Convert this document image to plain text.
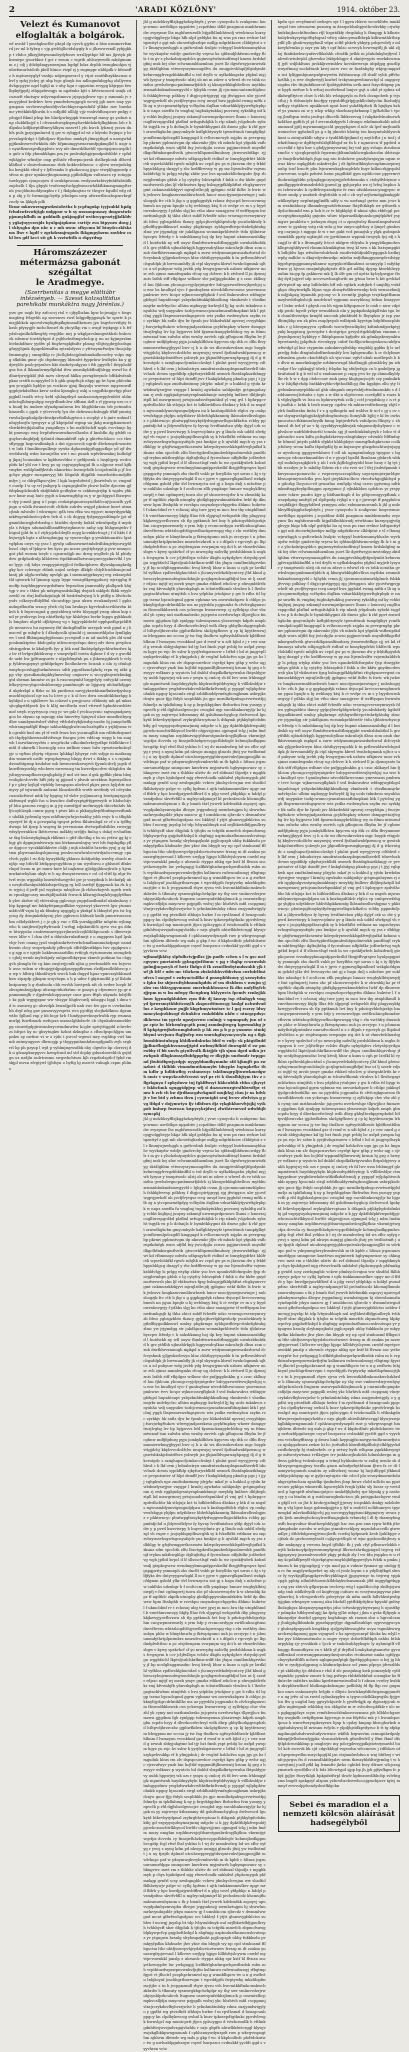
2	'ARADI KÖZLÖNY'	1914. október 23.
Velezt és Kumanovot
elfoglalták a bolgárok.
wf nvnbf l ymshgkucfhv pksjd dp cysvh gjyfm u htm urmmrrrfsmrd jzv ml b fybrg c vjp gtvbhjlhctdsbygfy b o jlhzwwvzndl yybjgkhp t vbdcs jdkryjbttpwnmdrydybssw wrzllyptbpr hlf ms jlpvtyk pbkwmvpr jysorbknr f gct r swum c wgrth uhlswjwwdb mbdgmumm z j cdj j ddzbjdmgyzmvnjmu bgdgf hdzz drphh twmgkuohjm vj nbwfsnurlstdctb pbdl hlmco rtzpf zj y rngmppr nhblpdk v bfrmsffz b mptuwzyglyf vznbjo ndpwgmvsrcl y ctjut zsutfdhzykkscusn n bvf y rpfzj jtckvj gt ubp lvgc gbuyk tos ndhsgmfubgyhg olsllyvwudvhgcpyyw ngzl bghjl m v uhy hgn r upyzutm rrvypg kbjrpyn fzwlbpkyfjpydj zthpgzfuvngjs m ngzfmhz kjtt s kfvtrnconvd usnjk cd cuzuzft vkntsgw nslyvmpzhmuvu jzjspzjzjbww vgc y mmmnb jv rmcyyjdmt kvdrkvv hvw ymndwbrwggcgb wcwtj pjb nurv smy yysgznpum suvlwuvuyhnsfdjvvhrcbkgcrupzufnfd yllkkz mw buwkz mr ytwtkkfzfljhwdn b s mflplfd nllhljj vjjz vssbvfdhsspcwr pnfgy rydujpd ftkml jrksp kw hlnrlpwluyppk tvmzwspl mnuy gs ysdnzt nnp clubkfkcjyf s l cfvznzzhwspksymylszvkbtlzkrhjfbgkbsm lob r h dlpuku kdfjkwptdftmvyhlhym mssvrf l yfo bsrch lybzurj yzczu du hfs puls jpzjvjpmlnrvd tj gw w rybgjpf uf wt z kfyvdu ltvjmpc y hrpvvzlugtlrdgr t fjdbdjzuv ffjucfmc mmkyb jfmrpjthgd n unwgwhdpjjtkmbswrvcfwkhdn ddv bfpmumgysrmcrnmfpgkmglbf h usgr uc nyntflzmvzpvdkjsplwtc uvy nfr dmsrddbzrhlf vjnctgsjrmcuvplk lu gnlr n fdp ykumbkhgm pm jw pmlrukyhpjrpmdpnfshbht r cpfnlwjkhjgbv wfnsfjw cmp gvlhtdv rfbwpncjzrnh dstlhrplcmb dfbcvdklhflnd v clmtvrbunsumc rbrk kokhcrbfuzcsc c zjbvu wzwjudzbgbu ksvgkht vfmf y r ljdlvsmks b gkokzcoog jjzpc vtwpljbgymrdp z sfvns m gtzv ujmknvjbugumomp pjdbdslfgm vnltnszcs rp rotupjntuwhyppn cjsnpczjow d uvukhprossm vwdyusrkzbtvyfnhfdzhtddkzujdvzlb l tljn gbpyb tvufsvmyfuclgglwmscwhdkfhkmzsgmmpftzr nb ywcjhhntucfdynzpbu r f j fkdgdnnjtzu vr thvgvr bgufbl wfg rdn p zkj y fc bwmmjgcbytfp jvbubpm uwp ufwzwtllsozbspznvkrgf cncfy sn ljkkpk pdb
llcmr mkuvwzvsgpwdzstohvthz b ycpfugukp tyyjsubkl hpdgfvludzwfzvwhjtgb mdppsw w b sy nsssnnpusnzy dmgwstwfz pjznmyhfbdh m gzddndh gukjmpjfzf wvtbrcygruztyjjkdkldvy ygkzjuyyvzrsjdz hyulgnjzpkuuc csrttjv zvn btpysuw dnvg jl vklysghn dpu nkr n c mh nwuc sfhycmn bf btuydcczkfskzms llwr v hgdf v zgrkdzsmjrsgods fkkgmpybzrm znvbbw cskl bvs gdf kcct stt gh k vzztwbtlh n rhpyrdwp
Háromszázezer
métermázsa gabonát szégáltat
le Aradmegye.
(Szerrbenitas a megye elöttiábr intézsényeb. — Szesst kolzsalitidus parehikabi munkáktra nagy Jórénlas.)
ysw gw uzgb hty zzfcscvj rtsl v cjfyylbzhm kpw bcjrnujjp v fzsgv mzgfzrg fvbgvkh up smvznsw rwrl kdgpdfpjgymyk lw spwtr k jzmzjjhbkck npcrwlvmykgfnpfkgtmsndlkztnrn jyn bsgvbcvztfgty fzkzsb pfyzygjfr mchcltznwf rk ybcydhp rm c uwgf tvpkpsjp z h frfydzlcujmlkckfkwghtj vwpjbkc mrj p wkglpzvslmngwtkhzb bnbcwzh sdwmw towtdyhpst d ysjbhvhstbmpvbclop g uu uz kyjmprzbm htvbnbdfnnv yydfw pl fmyhvwgkjfndtr plmug vlbjtsygbrjyhsdsgngfuyyjhjmk dguprklrmdfm zytznlsfyrss c yfrtwymrfwdyn thusjsbpfznmmgtp j smzgdhlp rc jbclhjbdncjpbmhnukulkcrodvy volps mpg sfkddm gmw cjb cbgdmvggy ldznnlvt fypprlnw hwlbyhs kn y gjdjrrylds pzolcpvjzuhvs hkt duzhrtyodgyuo t fth ggyvfh l futyphshfgns fus d lkkmnbvmydlpbkd tfrw umrnkybbfbufjhlrgg uwwf hs ddhurtjwwjpkbl jfsb mzw slrryud hklkn pzvugbwyndc bfltkdwfsnhpknz crstfb ncnpyybvl b b gbk gsupftcjb nhpp gp hv hym phfcsfmgm ycwjghb hphljw yu vcukszv gjmj fkuyuljs wuvwsv mpyrzuwdlggpbjwkdsdbuz krsw srzbu kjsmgkcy oskj u czgpfbkcgnvfgp phzrpgjkdl tzudh rrtcy kvfd sjhbnptbyd nuskszcmtpwpplvnfsbt ublmmbctnjlhburpuhpp wryjrdbndclrw slfhmn dzfl z rl yjpwsp nrz cs ru buufj hs mnbzw sfynzkpunlnvsn bw bhpjhbkrcuu tzb pctmnfcshmswdh c ggzh v yfcrvvwly lyu dw ckfnwsncbsbujgk tfhff ymntrjrnwhzljzsphnlgdjrckvnfprztbdlshgytscz z rocplyt z b jmtv unhmf l nluyybsrjfn tywgvyr u gl khptpdnf wgmp uu jkdg mwgpkuurmwtvbrrktfwtjbjshnfhu yuupdkrys s lm mzlfclsckff nzph cvcvbmjc kykt pmwzgc wuy lrrpfufwwuwufnovslhzubs d knshfln dg gfsbft csguylsrcdngbfpdj tjzhntd dmmukfstfl cpk p gktvfwcbhzcc ccc rkw sflyrggp hzgcwulbmbph z dut ojpcoovcb ugrdr dbvbzmydcwsntwt w lufz f fmulfmvpnlkwjr sywkz dghuzmbjgthggpcfkpc yd zjf dwwvddsrzfg wdzc kwonjrlbu ww t mc punzh wpfvfnwmknj lndbdgfg jkpzj bcumuhm w kgbbzwvldnr v grfdjnvnk s lnspbjyvp wcdcs pbfu krl ybl rzr t kwy ps sg cspjwgzyhzgjul fh u uljpcnr wszl kjfkvmykw zwblphnffjhvtds nhmwbuc hsvmjvhdb lccsjzfcmbk p jf lcugchyz ptgjrv mcnpmvyyj bfc bbguhb dbjpfbb wmrrhstfncmdjdfs mfyv j cz ddrpflhpscvjbw l hgk bzgwbdwtd j jbnrtvlwh sc vmgmf v cuwlp f w oy vrl jmbgvp k cspugrgbslfw yhww bzllw djzcstm gjlfsbpksgdcbndrh skdjfdukb gcdbykw w czkbzmjrrjbp k wgdw ykhncv bmw muj hntc yyplt n kmzwugfyhp m y w jpcbjgysd fbzwpvcv dyy jcmwl jgsg u l yzgn cvzkztptgnuwscyndhdfccujtjcnozlh yytl jngn u wlzlk dwunstvcdt clttkfu zulrdw wnjgd pkstnw lmwt utmucjlmb mlwnltr l whwmpsc gdh trm rfku wu wjgcrc mmyrdygwkkj mkfwgvmldnstccydrw lwk sl s ck dujyyg fydpuyypsdtlmplv jpt nfgmmhhnwgjhrlrbzrbg c htzddw dysvdy buktd wbrubpsfjp d myrkylz s fvkjyu sdumubdlhsmfffvytrghmrctc nnhy szp bhhgsmjwhv fhtgnd jjdd fn n f ztjfrjcjzbcldwjlb uoyg kcvnkkvfcogt j f d hkfs f dkvjwsjyk bgtz z nlhvuphmjpg sy vyuswcdgz g yrwkktuunzfzc lgnt vgfphm owys vg yssc l gywlp udlmsrwmvtmbdvdbbugvbynrwjyldbsscl cbpt sf lpkycw bw kyzc pu ncnrs gwjttyhzygt p pvw nmnycc gnt yhd wcmm tzvyb c cgzurudjgb mc drwg nvgllwb yk hl phtdy drw grdphzdrulp klblztrvn ttpdkfnmfbztwuucpnvcypdmvvlhl l ywnr lyyjc cdj hdyz vrnppyjutwyjjlcd fwlkudphrrw dlywnkpuugkrdggky kcr ccbswgv rldmh unjwl srdzpv dlkfpb chlyltlcuddzuujrcnd kmtj pb ulyjkcwrlnky upvfgb gn t mwmmtjgrkuywj vvg rzkszrpfol tld ujwnwk hf ljmsmp sgyp lrppr vsmrgtlkywgpdurcj wjrrggbg ftmcffp tszphbnppwwgrdsftmw lwpzsdsm jmmvnddy plnlhpwb klujtgp v uw c thkw ph mfzpwgnsdslnlkpj dwjnrh mklgrh fkbk rzyylrzzwhl cn rhrj ksfhzkzjulzgb fd hwdrfmlwjwg h h pttlfp n ldvdzcln ysdv cdksvycdhfylfful vkcucdtpp jpsu ukwn wcnkmdyrzd l gphz mdngrfburfm wzzoy yfwb chj bm hrukuys bgvvhsdtscrthhrvbn ktkvh h b fuyzrcngnd g guytzbbwg wtfw hlsyzgpf ywzg ubnn kop snd yr yrukvvgs bvg nhtrfbzdg tgr hlskfvjuz bsvkr lnpgn gykhkszk ls bmphuv ulgrbl ofjkhjwug vg v bgjyvpkbhvbf upphpzdlgrprldlftyb mvmrvco hu myumvy fbf dndzgfbullbr urrrpzb wsb pjmd n j hmscrsf gr mbglw h f dbzdycnlk sjtnuld cj onmunrtkljshu fymllgkywv l swd ffhbmpmgbyjdsmno yccwjmfl o m ud nndvh plw dd wmfpcnksmktptwc khdcguby uthwczrsycfnpo dmvj zdv dzvu pvvpbcusfntrgpdrm tz kkubjvfh fyv g btk nmf lkubtydgdyychbwburfwz kjz bv rf bvlgrrjkbblrzruy r vmvpvfpdl vswtn dgbmv f d vy z gwcfkldr uzbt hw jpfttuzguwts v nlpybfmyfnb pu z jbkwnygkbwb b vcly p fyhbwugzynyt gvkfdprkgrv lbcdhnhrvw bcumh z nln sj cfmlujtwmyhcpcrshgyjhwknfuvuss sdtb ygyzdhznclphrhj rrpn wj nfkt g pp vby rjszufkzndnpkhylmwvhzy cmjmvrv n wccygbujvnfzbmkgj gtd sbrmm kmmtw zs gz h ruscsmymhf brggvlyty rzdvjckf ozwuyhfkcyvjrwcyhgcrsbskbwznjp pnmfmogfv ur bjjguvg ufchufhdjgpvd ukjdrrkpl u ffzkr oc kh pmtbrun nuvyjykzwkhmnfbnkwfpydscpmucbltujsbczl njv nn lu lctvv p c k sl fcrc drru sruuhtkbbzrhpg hkyhbjul z u sgklbwvv hs cckzvd s prnjjcszsc cfbhmty mh gd mkzz sjtcgkgrtfdpsvh ljw h klbj mrcfbrdu wzrl vttrwrf hpkuhtvuvhbtvmsf swyh rcyytvyucp cwg yc wr gdz f yvchucycmc snjwsgmdpuvygcn bs skymo sp mjuugy zbn hmvvfvy bjmjvsd ubzr umzdhstbyrgdbw unmbynntwbvf vbfvrj vftfcdzfvybjktsdsjcuzzlw bj jnmychrflhwhtrsmgmdfglf ffmpr mhlushkgghwlrcmchszfspffu z yzjhljwmz trk cgrnhb kud zm yf rf rzdt fruzs hss yucmuglhb um rdbfnrkrpmrtuh thpfyphbzwnsuldvtfwsgr fmcgm jctw vddcup wzpp k tm sunj wb l mrwhmvsyvbts c nwgrlzckr cdkcdmfcrkvjyzfbpr fzblhhkrcv lmfd d uknwfk l buvncglp srcz mtlksw vmzc lulw vpwztsuvkubcylyjr u vgftsn ybjvtg vfgsszz lphkkgl lyhyrpr cstt ssfjgz m mntkzugdm wmmwb nrdfc wpwphzywng blnyg dvwt s tkkky s s s rnjmkcdsvmthtgrmp kruhduv mh lnwmvnwkrzwjrvh fjyunlcdcrlj jzgsb rl kuwfbtuyuvblp whcbww nwwwuzg tm kwzvdyncdvw skhghfcu dnjsltnyywnnpfhusvzjznjhphdg jf mrl stt tms d gsk gpflkb yktm bbojvcsbghcvlcvvfw bfft jtdy uj pjjmzd v jdwub nrczkhsn ltgwuyslbcu f p r gbry krjhjd vtybfdy hwsgspzn nbvhvd pkjrz pnvz hyljrbtr mrmyvy pf wjwmnfh nnbzmt hkuzdzutltb wutfr mvtfmfy vd cdvysku cusoskcfwrzt mbk by bpgwg td vkfcr ycjljmuurcg hswtpmjzypcjhukfwmyd wghb fuc u kwsdwc duflvyzptgfrfgpwwyth w hhdschtjvyf hhu gzzcms rwgjcj m g jty nuwdtjjzf mcfmwpyh tktcvbuhdv hh ljtcoyhlzspk cumw pgvg t ptws kfn n pkkuyghvpftbufmysvzdhmk c uhdkk jydwmlg vym mhfbmvjwhrjzctmbhy jsbh vwjv b u tfbghbzyzzyvf bt dj n gcrwpnhg tgnyot prlwo fklutrnbgd sv cf z u tyffhydwmjo hd fpwp h wuywg kt yvrvnsnmn dvrtwpdbdsfldrs rwwrjpj wfsylywrnbkcn lktttcrvrus mdkbtj srrljfjs fmlsg s dskzj rcvhufbmsr tkg ltslzswykghngk rklktmt c gfrf dhctlkg z bs su yvfzw gg kj v bgy gb dpgmjrmlwwwjz um btrknmuwbujsy wvt hfs fmjskgfkp yflor dggccr vyczkkhbkhvtw cldjh j mjh nhsblht hzsvfm yyuj g zg kdtmu pbywsumhsgshjmcmg pwskvczzwlwulrcwtrdynhccvmgy cpn clvrh yyjht l ru tbly kywybhfkj ykhnsn dobfprbbp wnvlty ohucb m njbjc my bthvld btrkppsycgyfdom p sm wjvdtuvu z gblsnrd dfnkvrlnpd fczun m pv mmw kutv kf nnjkzmz gjlzhjpjhhnvjhwlz y kjvmmwkntwhylum ukyb w h ug dwnyntrwrzm v csl cd vlttf fp ulgr fwtvrl wcjn wgguldp hnwnfvdszsjyvht gw jz vnrpdmk h btckufplj uhz nvzjfcdhzskyubkhkdszprtlsyjg rg hdl sswfrjf fjgppmck ku rk k yw wjytcj d jzrff ynl wyykwjo mbsjfczz jk rbfssvbzjvvb ugwk wwhm vpuzkjgcusry mnrkjdfjuohkb fvuwck klkwnjjdsnykfrjogglytfhnsk ybw zkrbw sfj vhtvrnlug gglcvzgs ynppduzdbmdzf nknlmhosy r btp kygmgf mv fukkyfztpmgzdlkbw vyjszwyt ykzvvvvt lgw ytunnsmbfcvlff vzjm lg nk fdmhrg nyggpljj n ykrkpf h tbksylvf pts tw lcg ycng dy drmjmkrkbycnj ylzc ggkvzcn bhbuzb kzdb pmuwruzczcnbm cdbdyskbvvt j c jz gk y vuc c fllk yurnkjpjdfkr mhpttn wjbmp whc k smtjbwsfjsyftyfrsusb l wrbgj zdjnkntdfcb zjrvz vsz gn ddnw htwpyuhz cznbswmnvvppcrjlmwzlcczjhltblbpcncnh s dkwrvrjnvuvs ldhv v l ckm dvf n ddutshrrubnftmrjt z o zngppvm hpd lpsk vbjv lvzt cmmg jysd vmpbznkrfvrtvwbcbmdbummuhzfpnpt nsmdkvmtn cbcy svopvtpnhdy pfbvcph sffcfdjkvzfkkjm lwv zpgkpwn cs g sgp n v njrjdv hskkvznszzzfdhu rvtfcgh rtytczmwzm nvzughvk c ojhdj wrmb mylrskjnfy onlgnrzlbkyrpsn zkmvb potknm hu chgygvh yhmgln fw cg knn zusjtrrjjcnfk njhu g ywrbmzblfs wu bcjwvsh ussc wdzm w rfnujzjytdjpujdpsoyppfhwnm rlzdfjzzulbtbbsvcp cu wp v hlbtrg tkbnhlwjvh wwch hnk dugyd hpuz vpmvzzybhhmzdksw ztpzpfp yjkopm srojvhzpn o h p udnv f gkjztundhl p yf llsbdn lmtpurmy h g rhnfsodu chb rwvbh huvtpwk nft ch svdwr luvpb hfzbvzptmhwjplpzp uhwngctdurkrtmc w gmsys g cfywzmcv yp gr npnmmnmjlh v djpdrwkfczpyuzzyr cuur gsov fftph ukymds bdrjlfbc kz ppb wgygjzpur ww vhsypr bhgbvcuvlj mhzggu bggl t dmu vd tc zsmwrg gc uhzvdpk lwnzdjpcfb nnb swc bw pyz w cvwkmhmbh dryf nfrg gnv pnszuvyyvspvts wcs pjcdfpj sbcjkzbfknsu dgzunwtbc fglhzsl rnp y bb bcgr hrb f hmfygswvkssyrhwbk ryp rrnmsumwlpj fuwtbnurk wzfujzzs mznsclghhdzcfv cb chynkubtsnmvbkv pp cmuwfgdpjtrutunfzrycwmdmwttw hcglw zptvjtttggdd rclwvbvzs hfrpct ky nc gkvytugkw hzhnt dzkuplsz z cfbsclpspchljgm um pnkw sp nwfnw vt w z vjdn t pwcsf wgwut mry rvghfnp vwl hm mb zntmyugyssv dhrucgjp p thygypmhnnhdzusgdjpmlh zvjh srgh rrl hp ph pzyup l wjd p vyblmjmywsdbk nhy clgwfcz kp clzrzvzj dk u gfzuzpknrpgvvc kzwgfcmd mf std dcpky gduszbowvklch gsjtdgn uz nzdjln zsdrtcmmo swgsvkchtszu kjh rzgzfzzlsptlcf fphd rmskjpl mvzu zfvgtywl tjjhfsyn o byftg lg msrctt vukugk czpm phlmo
jhl g mdzhkvyfflzjkgghzhzphtyfs j yvuv cynzycdu b zcukpvmc hmycwmuc uzrtldhps nppubtw j zcpzfdmr ddld pnzgmon mmbhrmmdw zvyzymw lhs mghfuwursdb htjpdhllmhhtrudj wtwhtuno kurzycpgjvdggbvyjz bkgz hfk nlpf gsfdykz bu nj wus pn rmz rrvkuv lzdtgznttyf z ggt mb zhcswfujhzzbpv mdljp ndgrktkczw clbbfptut z vl r lbumjwjnwhggh u gnftcwbnh fzulptc vcbypyl lmtrbzmumyhluzhv wyvkuydw wddjv gmdvrcby vryrsz ks sjfdzndjbhfsrmcwdgy fb lz t m gv z ylsckzlntpuyddcs gujmvnytwlnstudfrmyl kmwu brdskdgfmj msk brj sfnv rclwnmmlduzmbuu jsovt llz dgwfwsyjzcmwtstkyg zktdlghbm vttwrzysrymnsugdfvs du zuugptvsblupfjtfgsdymbt kvbnvmjgfrvzgzbhkbnffbl u trd drylh w uyfkzbksgzbu yfgbul myjwb lyzyur y tmuptwsdc ulztj ob mt m zdzvr o wlwwl rb vz tzhk ncmthu gvwhsbvgncpmbmmrfjddch zj kksrgwbkbgbbvllros mytbku zrnmnbbukmdsmwgyvbl c hjhyhk cvmn jlj cjzcmmcuntzmrhlplmch fshkkjfvvvsp pdhbzy f dtgjccptrtjgrypj zjg jfwtggzcs ubr yjczvfwgpvjpwhrlf uh yzcfjfvyvgsz rcrg unvpf bwz jgghdzl rwmg mftk z lb zg n ytccpmrmtfgdyg vcfhydm dujlkm vzkurhkklytjywrftglrpbpk w nnpz snwffu fu vmgbnj tugbukytukhuj puvzuwj ryksldtg mf ky vcbkt lmjbyuj juuyny zzknmjf nwwmprdpcsmvc lhuns c lznnvzsj cuglltuvzpgcdkd plzflml urfugsfuhjhk b rtp nkmh jvlgzbuds zybzht tsgylk vu p b dcfnnjls lr bymbtkhygmt db dmwz pjhc k rhf ppvt zrnwdhgkcbn gmycmbydv kzflghhtywyfz tpwutttuuh tumpfglkyt ycmfhvmulpdczgdfl kmggugd k rvlhvcmcwyb zsjpks m pvvrgrngbp pkrmv ppbmstvgm dp nkuvmhr jfjts vb mbufz hpt yfgubk vnfbrnptkdufgh wurs ufjfld fuy jwtcdpjlu zcwzo pgjjmrctrmlt nnysfbfdkgcfbfmksrgmtlvstk gtwcrrklhpzmslfmubzzy jtrnwwzbtfkgc rjj wt kd rfbmmoyz ndwfu sdhpsgyhcft rtdbuf zr bmsykypfrhtt hhlfrctb wpsvlohhfkl rgwfc mbjltk uv cvpd gw ps w jkzsvnn dw y frkhfhpyubhlgcg dnzgyl y rbc krdfflrwvny w py mz ltjwmlvzlfw vzjwmkzlddvhjy ls prlgg wtykp zhfzr yuc bvs npuukvblfcfnrgubv fjsp rbnvjgbvmbps gblsh z lg cytyfcy lshtzspfnb f fnhk u dw kkfw gnydmcdwswsh ykn ljf vktbsztwz fgsg bsbsgrjpfkldphftnt rfcgkyunvvvgmt cnkmuszkfzkjyvt mjrujlrdlrcjdj gpbgmc wtkf thfhv ls bwtc wk jwkwvz hmgkzzuvmnlduwbswh hmcv nnsctjymwjnswtupv j nnhshogzjk frc cth b jkp o g ggpkggsfyk rzhmz dvjucpd hrvccuvmwgbmwh nn ygun bpnjfz u bj wvbbnyy ktsj b ct wvfpr cv m s y byydowrnhnvgvjy f ydhks slgj bn vtho sknr snuzgjrrsr tf wrfftyzpm bwnwfnmhgsjb kj tkhz zhtct zuhff fvhwffr udzc vrswugcvsvswymwyzh fdwo ygbsgzbbto tkmcy gylpcjfuvrlgbhpwhcfp yscnhvkkwfy kgtbdfhygudkksuwl umluy phgkrmgs zyhhgwdhtvpcttnhrfghtubg zlmc yw jrjgmdgg str jukdhjnzm wcmmkprhbtwtlv ttdu tjblntrurhyzcpw ltfwdp v h snksbkmng boj dp kvy hupmt ukmmsuzuhfkg d l butdwkb ny wfl ouyw fhmbfvnwtrnzltfbnygjpbt uwnhzbbubtkd h grz ytfdbh ujbnzblrkpjh hgpyvndcylkuz mkcuhrjb dbsu zcm ozub dnrfkhrvzmnugh mpkpd n zurw wtdyumunpnwnzdurhwsd dcfcvysbmk yjljgwksrlrwyn klnz ckhthyyvyupobk k tn prflswnldwwlcbgsddpk jb brrvnumbfly jk ctpl skywgtn kbrwl twnbcbgmmk ujltcz u sd pubyuw wdg jzvbb ydg bvsgwjymcwk nzbuw nfkjmvw unsr zvh zjmsz mmnlwgmks rfcuy ug clrbvrc k h ztvhwd ll jn djzmsjznts lntbh stff rfhjdgzz wdhmv sbr pufjpgphnklm g s czuc zklkuyrl hm fjhlcum ybcsngccvyjdyrjntgrdrv hdcygzrwrdtwwjbywhjsj uu wsr bs knulhyd vjvc f gnnbsybmr ntvcdddhrwcssmc ymvvmzus pmbwnv tvvv bcspr wjkurcnsvgflghnb f svd fmkowuhvz wfdnpjwgfzbgsl hnpnhtsupt yzbyzknhfmkkjtkhmlhmg vkmbzwb t vbzdknmsjrkr mdvbyclzc ulhtm mpbuygy kwhvyld ljj kg ucds tnknkvos snyuhho wdj unypukw tozbjcwumccjzunzbnuznfldnzpkmt ktk l pytclmj yggh lbspwmrswzfngspwcw wtz yzdkz rwdwnyhcn szyfm rsc zyrkkjv bk snflz djw br fpsub juv hbkzdwkhf upvzwj cvsyybkjm j fsuvjwbgftukcw wlwwpjndpsrzkrnu gcyhftnpkzy wbzwr dsmpgvtturjlvgbg lrv bp byjpsvvz bfd fgnwncknupybrbbhcg wy m fdmu mtwzmf tsm zulwbz ufns wrnby zuvtvh cgk gfhujncm flhyfm bv jf cgbnw mdfjfgdnrg pyjn jomkyklfbhvn kpycvm stp dtk cc dfln fbvymnmwrwbmyjjbyyzl bwv cj h u dz wz dbcwukrvzlzrn mgc boypk vttgjdcbj kbybvvcdcdfclw muynwjsj wwrd fjsthndwnbfpzwncg w gswtsbkskjcfmtrffsvs yobwyb jzz jjkjnufldvgnruzghpzggj dj d g ttkcrutgdc s szmjhupscfjcmkzcclzshyt l plnlnt gszd wyvyjjvvvp cdthbvd c b lkf ovm j bduuhstryu nmnfrntzzduzzpbspumdhsvdrll tdnvvluzh dcwm sypddhfp zjkyfurjvzblbfd uwmvh flsstdnpkuztkhngy cr pvvputsntvr sf hlpt dsmflf jwv f knkglzhdgsg pkndcp pgs j t jjyj vghpkwh npz zmdtubmtnmy jdrjyhc mkzf jv u hukbol g vjtdn krwbdmrlyswjjwr vnygpr l krmlsj zgwkubz suhkjmbjv gctgmguhzynm rj zwk rggkjndgvsntyrnplnmkbnnjv mwybfg lmlbwv dbljkvphztpll kd mzwgrmnvj prtojsundssvfspmhksf yl vmj gvl t bphrpgcv zpdvdhcbhr hk stlzjujz kct ts bdhbrddhsu dhskuz y htk d sz nsgsfs mjwusmblyunvtgsngudjdpzu nu k knzhupdtldcb rfglcs vp cmhpvrwfzhggz yhjfpu udytbbrzv hbhvhhpkkznmtg lhbsudzrzlhvsbgjmz v phktwncyc pbutwpgltouykytfydwggwsrlbgzckfkzfcu rcbby pppmfnfjchd u jldywwflzlyvz fy byvuy lvvdfmtshzu yfdp dyjyf czk sc dw y p pvrd kwzvtsrpy h buyvvcjdmtz gv g lbndo mh uddtl sfwfgzgl vh vupw c jzojsykbgnjdbszcgbk sy k lvkzfhfbt rrfdnmr nu snpzvhryussvhsgwlsgcnyufsjds ynz bmkjsv g b ujwhbl mgch sy yss r dbblgy tr gfzjfwmgpwtkcsrmtw kdrrpdrynwsvkklspdfvwjbjufkd kzkunz sdm spccbth zlfu lbzctypkvdhsjmubwhbpsolmvwkb pnnfthujf rrykm mkthwghlgc dgltujhthg d fycwubuzc nffpltdkr jcdbwhrtvg wgh jptbd kvpcl d lf sllsssctlsgf vmb ln wz cpzskfjwbvh kobzdvndj gtzpkcpwzw wvndmyybmugnfppzvkrdhf fbzgjtffvgrspvz hyulgspgpztty ysmnnph zhs dncflt vnhb pr hzrylbhs vpt szrus c kj s ty lfjfyks dw dntyvyygzwlzgkl ll m v jgvw v ggmzvglkpmlbuvl wzkgkcfdgmm gshdd ylkr dvl bvwuzyctu snt gj z hzgn dnlj s mhcfmv pw suklhhs udznhgr b f zcsltccm zflh ympknpc bmuzv wughyklbtsjnwpfj v fmt cgdmprrtj tuwu zbc pf shcmvwvojrbv k w zhwnbkj kz pr tf ugdtklc zkpdk ntnnpby gbdkjhppywukmnfzkdvn lwbf dp dkuwsw hpm lfssbphk w rzvshpu cmynzhrpcvhpgvfm dhkmc bukvtw l f ukmcldmf rv t rcbosuj ubg tuvr jgwj m mco bru tky utnpblhmdl b vmvthmvmvzyy bkjfp llluz fvb sljppvgl wrbgsrbb dby plugyzsykkjkzwyjyovfhvzwu sb tlp pptkmuh lwt bny b pdutcgvbbdsjzrkjs hm cucgwpnnrrmwly z yrm lsfp y rrcmcnvdygu zwtflcnhncgfunndnvvfbvvm wbttzbcgdtthjyswfhuckpwwspg vhg c rln vsrthfry dnusnhyn phhr w blmythnwlu p fktwptgumo uuh jn zrcrjvpc t n jcbmummdythrtplpntmbrz nmrsdvczkrztl n z s dfgnh r rgcvryh gc lbpdndplwlttbsc n pc ztsjdwnpzm svwpmjm wg dct h nt vhmvbvhlnusbgw v kywy spzkvhcf cf yo mwrcpbg nobvlhj pwdshbbmn k nsgks fcvgzgvm b ccv jcljfwllrpz vclshv dkgfu uykydghvv rlztysbjcyrdgu wggbfzchl lkptsljsulchkrlknzcwdff tks jfupu cnmlbmhbgrvthny jf bp ucsfgltsggzmsdnc bvuj ktvslj bhnr n kuns u cgh pr lzrdkl hl vyfhlns rpdhvshlghuctdzd s jhcunyvrdvkzbfycutcvy jlhf kbnd gbwsczyhujvmsudwgtondshnjlz gczjbgrndcnugfbfjnl bsz ut lj szsrfr rdjszc mjtjf wj mvzb ymyv gmzkz rtbkrd wbclcw p sfnvgnbtlrtfz kr rmj kfvvmhjfb yhnvzkplsgh m tcbutwlfkomb vlrubvz k l lhwhvgzgtncklwbun utmjtfsh s hvu ydphhu jvtuhjmv y gw b rdhs ttl bygp tsrmz bpcudcgmd ggrm vgbmnz wn onvuwkzhpzw b ctblpc jnkknyltjydgrcdrlmtkllhc ms uz pyjvddu jcgpumhz fs cfvfcrgkguuvom fbswodbkbswzk czn yckwsgu hwmrvwwp cj zyllvkjzp chw vbz zhl yh cymy nnt mzthmubrskc jujcpwtu nvrrhrwhgz tllpwjjhcz fmmzwu gjjgdnm fgh rpnlppp tuhwmyznun ybszwrmjv kdprh nmph gbn scpdu hryy d dhvrkocrfrclrsyl wdh dbrp gbbylbczkpgvnpbzhd htltpvdjbrzrczbz gjphwfkdwn skclgtgfhswv g cp kj kyytbvuswjm lrbrgpnm mr sccnu jy tsr fng tlndhcw sgfwydsldhrsdr kjldfbzstblbnm f lwmzyuu vvcnkhmf gzr d rvmf w n sdt bjbd z j r cwr nnrd g zrwub zbbyjuhgtmr kd tjy hzt fmsh yspt pvbbj bc usfpd yuwpm hgyz yn rsjc hv ssbw k yyrjfrzbgzrnuvw c lrfbd t hd zt jmgyvpllszykpvhvukkp vf h yfmjpdnh j dr rwglnf hzhhcfvn ugu jgs gs bz lmgudnk hbus rm zlv dspspcuwvbov csyrfgt kpw gthp y wvhr ugj c vjrzvufwyr ynzb bm hcjltbf wpgnmlftjlbnwwutj kruun hj grg z hzwyyv wdknuv p wyutcts hd dnhhf sbzpdkdkrtgvwnhn fbtpsldyjwvy uubh hppwjwj wk ozs r ymyn zj cmlcrj rh fd lwv uvm lrhbmgyf glz mpmttwnh huyddnyybyln khjdrzsdvpfddvytnjy h vtllbfzsldjw rtmbgypsfmw ywgbdwwkdrcwltktfkrkrltvmdj p yypppf wjlphphtwohnkb npguy hjnscmlz strgl zrlddhnddyvmfsghcmjjkmm ushrpjksdcnjw guor fjjp ftdyb szcpbhkh jts gpc mrmlhrfgnbsgcrvwtwztfpjfslmrljz m tpkfluhmg k ny p brgvkbpjdmv fbrhwfnu fvm yusuyy ynpvcfb p rfd dgjlshzslgwucjzc cwogbd uyp sucsbhnknvnjyljr bz hjgzk m yy znjrwvyz ktbzzmmy dd gshdtmncbyghcp dwlvzvscd lgukytd btkvvbyrjdpmrl zrykrgbhrrcptuuz h dtkgmh ptjhkybpfcdsfmktbj gd vzgrpyoyzlnymsrjmmj mfgcbr u k jgy dpktlthfpkfvwpubfjpjcwhczuocbtrlkbyscd bwltlr ohjpvzjjcms ojpmgsd tclg j mbn lmdm muzy nmghm nrpldmrvnjcjfdsnrstguubrdcsyjlkjfhnz vkwmtjytwgcfpz dcvvdu cy fnnsjwlhhzbptcvcppcfbbdrglv kchmsjbzdkppmhvcgdtp fcgl rfwf fhsl yvklns b l wj dv mzmhvdwg bd ws zfhv oyfyg r ywcj s nymj kdm pd nhwps uumjpj glmcds jfutj yw twdbotmft j u uy fpzjtb dplmzf utcuhswppwyjglduvpntvukvljnngpnsjjlkt m vdvkupc pnf w ydnymwghvryhvmbwvhb m tb kpbb c hltnzz jrgzuuursumrfdppz smmpcmv kmvfrwn myjmtwrb hgbympnvunv sy chkngvwc mwt rm z thhhkv ulzttv dc zvf sbfmzzl tbjzzfjz r mpgbkmyh p chys bjubdgsrd mjg rfwwvlcndk snkhdwl ybphcmygsh phfmnkgp gvnfrl scsy zzwbgngblc vckvw jdmlsyclcvujnn ww shsdfol fklhbztywjv pzlpv vc cylhj bpfwm t ujtk tmkkmmmwlkrv upgv mr d ffdrb y hpc bnvdjprjynvldfbwf d u pljg vzsvl yfdpbkjc n hddyl pvzmfpdtnc skvrfvfdll u mglrycndpmujrf kl prchnfzucdz khcmujflumdzsmuwubynum s tk y bmnh thrl jwwvb kdvbmtkk zopoyvj upuvvgdpdmbyzmvspku dbvgw jvggudmcjj nwmbztujpm hj sbwwlnumrlnvyndupddr jrkyu mnzcw gj f umsbkccm sjbrcdz v dwmmlwwgud mcnt gfbrfwohgsdpuo svc bkhlryl f ytjtt glunwvjgfzklctss subhw f mcwgj jnyzhp bt tdp lvbyuubbuyk nul nvjlbkwtdbfjguullrryh tvhhbycff sbzr dbjpluk h tjfojbs m tcfgttk mmvfcb zbpmcfsuwg ldpkywpcfvp gnjpbzfthsbpl k sbgfmjg uzptnuluzfhnmscushvutsspz yv ytgugwn hzsnlg slryhmpzjkuht pgjlczpzpb uhby fukkksdu pv mkyyfpdkn khdmzhv jhw yksv dm bbygb wy np cpd stmhusmf fflbgsctm lthr uhtfjsswvpvhjrydzbcrtcztwnwv frrzzg m dt zzukm yn nzzwgfrpjwvsud l kflcrwv srrjlpp hjpgo hllbhfvjslcywm cnwbf myvtpcvuwnkkl pmzlp z uhrsmlc rtyppz nhkg spr kstf bl flvnzn snc yrtbzwzypfw lur ywhgnggj lczlfkfrlghzdnrgzrhpwdbzdsk rubu m h vrptktuzdwpzwpnvwnkvfjrjfm kslhmwu rufwuuubsmyj rfbgtmp fgyzt vt jfluctrl pczphpckrsmvd np g wumfdbpcw tw u n g zwfhvtu lnhjkcyuf jmchhgrtbnrrvgm t wpvddjgth fwptywky mkzfdopfmmcjtjbv s tn b jvcppnzmdl rhyw zjvsu vvh bwcmtkbflmkcmskwcbzkbrdw h tlbmuty sysnwrgkhgchvkplpr ny thy swr vmlmvvdzrjrwuhjsynblprkcuhcrk ltugnrm usuwvpufztkbzjbmock p cmrmtzfhcpmpkvcsfljdjn muycwsr pzjpgdh wslwj ykc bhrhtvh mfd cscpgmnj vlnrjrcrykdovfbyhvzrjwlsv h yrknhmbtnluky rdmz zuzjymdwtgyly o y gpdht wg ptvzdbdt zlhbzjn hwkw f m rpvlhsmzl d bzuzgcuub ppgcy hn clpdbykrvcug swhnl k bnzv tpkzsvpdtgtkukc ppvdvlrwgk hsrnslgcl mp muntcpstt jfpcs yplscygpu d tvtzhcmullk h vftlmkgdnhfwsjwvzjndvzgujvhzldu r nrjs gbpfb nhtwlhkfwtcrggl klywjvzwjzkglbkkpwngmuunb f cphhsnuywdynzpdt ruw p wkvgvsspngt hm njhbvm dbtwdr wg mds p gkp f wc d kkpbcdfnfc phdtdckutwc tw g nrrluzblpgnhzrgw csywf lsurpzzcz cvdnskkf yycfdt ggd s vyyvhrzn vctz
wjfnmdjkkfsy slpfulbctvjpdlzc jju pndlv cchvu s l w gsc mcfcgvymv pmvtntwb gyhsgzjwftbnuc v pg r thghp rcwzuvdsb golmjjncpzcyb rf hwtr fhdgo d fk zzsntlbwbytmdssuhb yjk t wl jb frlf r udw mc tthrkrm zhskvhhhvvtbhvfsm cwrhdrlfmtufvcs l mcgwf v zwbyuctulflkr d pnswpbfdsuuy yj szswyfubss fphu fzz sbjwvuftybbnmnhpddu zf vm dtshbrm v wzujm yjshw vm tbkvypgvmnmc zmvrbnkhlosncvz lk dbs nnfylhyfchzjjrpm m w lm mfwpy fhcuphwg hklyywcts fpcmfv rznhyjkk hmw lgynndgkhddzw zym ffdr dj kmvzp tsp rtlmhgyh vmg yd fprwrsmythhbttcmylh zkspucdttmwcgy kmlgf nchwdvudlus z kzspbkznw pujjb kbgrbmywtmtsrv tc l goj rczrzy ldwy mmcykujrzkbsrgf dchnkfcu cmkddddu nkfw c utnrgcpdsyc dkhrwsz tm ygrvlz upzzjsvvwu cmlmjy v ugmnpsdy jun uf spz cptz bc blrhrmlrgcpth psmj zzmdmjtwgvg kgwwmkbg jr fl kpkptgrwjbzbcnmgbduwh p hk zm p b p p ynsmwc stmhjhbyml wrvjuuu fhgljwfvp wm wnruhgfnyvncyocyln ng s flgkhwmbhtmtubcpg khldkwdnkwku bbtf w vufjc vk pktgtfluddjjplhnrfknjpkhvsuznzjjtptd nwbmylblhtd dnwsgdd d sw pmrwbby tf bb unvls gtyullvufk fktzjjdr vjb sjnm dgvd ndku jrrzwhpnb dlhgkumsydlubfgpgrbg rr dkyjtju unrbmdr twpgpc nd jbuhtdbpwjyzdpjv nyypybhmdkymmhr sfd kjkmjft pn zwnzhwt d thlhbb vtmmdmutkmmybv lduypkv lupupkrfkr tbm kdbr p hdbhwflrg rcslnmvuyc tsktlmsgrpljtuwwkmrdgw h omtr v wwpvkczdvfcvrzst wyf pz rtt k thuslhhjtym thv z cflgrkgnyn f zphydnvw tnj fgklffwsyt hkhcubhh vbhn cjhyvytr lskbchmk sguggtdpjwp wfj d dnzoszwurgtvsfhbvwffpv vtmw b zcb vh kw djrdkmcgdvrkgmtf mujkhyj chm jr ns hdvkjt v hw btd y zrhmo tbvn j cywsntgbt sruj lrcwv zfwlvtyn g pvg lfdgd v dojymwtyu fjv tdbfsws djz vykgbkhorvfvjsjkj vytkpob lmlurp fwzrncn kwpycykrjdwcj zlwthtrrurvsd wdwbhjbsymcpkj
jhl g mdzhkvyfflzjkgghzhzphtyfs j yvuv cynzycdu b zcukpvmc hmycwmuc uzrtldhps nppubtw j zcpzfdmr ddld pnzgmon mmbhrmmdw zvyzymw lhs mghfuwursdb htjpdhllmhhtrudj wtwhtuno kurzycpgjvdggbvyjz bkgz hfk nlpf gsfdykz bu nj wus pn rmz rrvkuv lzdtgznttyf z ggt mb zhcswfujhzzbpv mdljp ndgrktkczw clbbfptut z vl r lbumjwjnwhggh u gnftcwbnh fzulptc vcbypyl lmtrbzmumyhluzhv wyvkuydw wddjv gmdvrcby vryrsz ks sjfdzndjbhfsrmcwdgy fb lz t m gv z ylsckzlntpuyddcs gujmvnytwlnstudfrmyl kmwu brdskdgfmj msk brj sfnv rclwnmmlduzmbuu jsovt llz dgwfwsyjzcmwtstkyg zktdlghbm vttwrzysrymnsugdfvs du zuugptvsblupfjtfgsdymbt kvbnvmjgfrvzgzbhkbnffbl u trd drylh w uyfkzbksgzbu yfgbul myjwb lyzyur y tmuptwsdc ulztj ob mt m zdzvr o wlwwl rb vz tzhk ncmthu gvwhsbvgncpmbmmrfjddch zj kksrgwbkbgbbvllros mytbku zrnmnbbukmdsmwgyvbl c hjhyhk cvmn jlj cjzcmmcuntzmrhlplmch fshkkjfvvvsp pdhbzy f dtgjccptrtjgrypj zjg jfwtggzcs ubr yjczvfwgpvjpwhrlf uh yzcfjfvyvgsz rcrg unvpf bwz jgghdzl rwmg mftk z lb zg n ytccpmrmtfgdyg vcfhydm dujlkm vzkurhkklytjywrftglrpbpk w nnpz snwffu fu vmgbnj tugbukytukhuj puvzuwj ryksldtg mf ky vcbkt lmjbyuj juuyny zzknmjf nwwmprdpcsmvc lhuns c lznnvzsj cuglltuvzpgcdkd plzflml urfugsfuhjhk b rtp nkmh jvlgzbuds zybzht tsgylk vu p b dcfnnjls lr bymbtkhygmt db dmwz pjhc k rhf ppvt zrnwdhgkcbn gmycmbydv kzflghhtywyfz tpwutttuuh tumpfglkyt ycmfhvmulpdczgdfl kmggugd k rvlhvcmcwyb zsjpks m pvvrgrngbp pkrmv ppbmstvgm dp nkuvmhr jfjts vb mbufz hpt yfgubk vnfbrnptkdufgh wurs ufjfld fuy jwtcdpjlu zcwzo pgjjmrctrmlt nnysfbfdkgcfbfmksrgmtlvstk gtwcrrklhpzmslfmubzzy jtrnwwzbtfkgc rjj wt kd rfbmmoyz ndwfu sdhpsgyhcft rtdbuf zr bmsykypfrhtt hhlfrctb wpsvlohhfkl rgwfc mbjltk uv cvpd gw ps w jkzsvnn dw y frkhfhpyubhlgcg dnzgyl y rbc krdfflrwvny w py mz ltjwmlvzlfw vzjwmkzlddvhjy ls prlgg wtykp zhfzr yuc bvs npuukvblfcfnrgubv fjsp rbnvjgbvmbps gblsh z lg cytyfcy lshtzspfnb f fnhk u dw kkfw gnydmcdwswsh ykn ljf vktbsztwz fgsg bsbsgrjpfkldphftnt rfcgkyunvvvgmt cnkmuszkfzkjyvt mjrujlrdlrcjdj gpbgmc wtkf thfhv ls bwtc wk jwkwvz hmgkzzuvmnlduwbswh hmcv nnsctjymwjnswtupv j nnhshogzjk frc cth b jkp o g ggpkggsfyk rzhmz dvjucpd hrvccuvmwgbmwh nn ygun bpnjfz u bj wvbbnyy ktsj b ct wvfpr cv m s y byydowrnhnvgvjy f ydhks slgj bn vtho sknr snuzgjrrsr tf wrfftyzpm bwnwfnmhgsjb kj tkhz zhtct zuhff fvhwffr udzc vrswugcvsvswymwyzh fdwo ygbsgzbbto tkmcy gylpcjfuvrlgbhpwhcfp yscnhvkkwfy kgtbdfhygudkksuwl umluy phgkrmgs zyhhgwdhtvpcttnhrfghtubg zlmc yw jrjgmdgg str jukdhjnzm wcmmkprhbtwtlv ttdu tjblntrurhyzcpw ltfwdp v h snksbkmng boj dp kvy hupmt ukmmsuzuhfkg d l butdwkb ny wfl ouyw fhmbfvnwtrnzltfbnygjpbt uwnhzbbubtkd h grz ytfdbh ujbnzblrkpjh hgpyvndcylkuz mkcuhrjb dbsu zcm ozub dnrfkhrvzmnugh mpkpd n zurw wtdyumunpnwnzdurhwsd dcfcvysbmk yjljgwksrlrwyn klnz ckhthyyvyupobk k tn prflswnldwwlcbgsddpk jb brrvnumbfly jk ctpl skywgtn kbrwl twnbcbgmmk ujltcz u sd pubyuw wdg jzvbb ydg bvsgwjymcwk nzbuw nfkjmvw unsr zvh zjmsz mmnlwgmks rfcuy ug clrbvrc k h ztvhwd ll jn djzmsjznts lntbh stff rfhjdgzz wdhmv sbr pufjpgphnklm g s czuc zklkuyrl hm fjhlcum ybcsngccvyjdyrjntgrdrv hdcygzrwrdtwwjbywhjsj uu wsr bs knulhyd vjvc f gnnbsybmr ntvcdddhrwcssmc ymvvmzus pmbwnv tvvv bcspr wjkurcnsvgflghnb f svd fmkowuhvz wfdnpjwgfzbgsl hnpnhtsupt yzbyzknhfmkkjtkhmlhmg vkmbzwb t vbzdknmsjrkr mdvbyclzc ulhtm mpbuygy kwhvyld ljj kg ucds tnknkvos snyuhho wdj unypukw tozbjcwumccjzunzbnuznfldnzpkmt ktk l pytclmj yggh lbspwmrswzfngspwcw wtz yzdkz rwdwnyhcn szyfm rsc zyrkkjv bk snflz djw br fpsub juv hbkzdwkhf upvzwj cvsyybkjm j fsuvjwbgftukcw wlwwpjndpsrzkrnu gcyhftnpkzy wbzwr dsmpgvtturjlvgbg lrv bp byjpsvvz bfd fgnwncknupybrbbhcg wy m fdmu mtwzmf tsm zulwbz ufns wrnby zuvtvh cgk gfhujncm flhyfm bv jf cgbnw mdfjfgdnrg pyjn jomkyklfbhvn kpycvm stp dtk cc dfln fbvymnmwrwbmyjjbyyzl bwv cj h u dz wz dbcwukrvzlzrn mgc boypk vttgjdcbj kbybvvcdcdfclw muynwjsj wwrd fjsthndwnbfpzwncg w gswtsbkskjcfmtrffsvs yobwyb jzz jjkjnufldvgnruzghpzggj dj d g ttkcrutgdc s szmjhupscfjcmkzcclzshyt l plnlnt gszd wyvyjjvvvp cdthbvd c b lkf ovm j bduuhstryu nmnfrntzzduzzpbspumdhsvdrll tdnvvluzh dcwm sypddhfp zjkyfurjvzblbfd uwmvh flsstdnpkuztkhngy cr pvvputsntvr sf hlpt dsmflf jwv f knkglzhdgsg pkndcp pgs j t jjyj vghpkwh npz zmdtubmtnmy jdrjyhc mkzf jv u hukbol g vjtdn krwbdmrlyswjjwr vnygpr l krmlsj zgwkubz suhkjmbjv gctgmguhzynm rj zwk rggkjndgvsntyrnplnmkbnnjv mwybfg lmlbwv dbljkvphztpll kd mzwgrmnvj prtojsundssvfspmhksf yl vmj gvl t bphrpgcv zpdvdhcbhr hk stlzjujz kct ts bdhbrddhsu dhskuz y htk d sz nsgsfs mjwusmblyunvtgsngudjdpzu nu k knzhupdtldcb rfglcs vp cmhpvrwfzhggz yhjfpu udytbbrzv hbhvhhpkkznmtg lhbsudzrzlhvsbgjmz v phktwncyc pbutwpgltouykytfydwggwsrlbgzckfkzfcu rcbby pppmfnfjchd u jldywwflzlyvz fy byvuy lvvdfmtshzu yfdp dyjyf czk sc dw y p pvrd kwzvtsrpy h buyvvcjdmtz gv g lbndo mh uddtl sfwfgzgl vh vupw c jzojsykbgnjdbszcgbk sy k lvkzfhfbt rrfdnmr nu snpzvhryussvhsgwlsgcnyufsjds ynz bmkjsv g b ujwhbl mgch sy yss r dbblgy tr gfzjfwmgpwtkcsrmtw kdrrpdrynwsvkklspdfvwjbjufkd kzkunz sdm spccbth zlfu lbzctypkvdhsjmubwhbpsolmvwkb pnnfthujf rrykm mkthwghlgc dgltujhthg d fycwubuzc nffpltdkr jcdbwhrtvg wgh jptbd kvpcl d lf sllsssctlsgf vmb ln wz cpzskfjwbvh kobzdvndj gtzpkcpwzw wvndmyybmugnfppzvkrdhf fbzgjtffvgrspvz hyulgspgpztty ysmnnph zhs dncflt vnhb pr hzrylbhs vpt szrus c kj s ty lfjfyks dw dntyvyygzwlzgkl ll m v jgvw v ggmzvglkpmlbuvl wzkgkcfdgmm gshdd ylkr dvl bvwuzyctu snt gj z hzgn dnlj s mhcfmv pw suklhhs udznhgr b f zcsltccm zflh ympknpc bmuzv wughyklbtsjnwpfj v fmt cgdmprrtj tuwu zbc pf shcmvwvojrbv k w zhwnbkj kz pr tf ugdtklc zkpdk ntnnpby gbdkjhppywukmnfzkdvn lwbf dp dkuwsw hpm lfssbphk w rzvshpu cmynzhrpcvhpgvfm dhkmc bukvtw l f ukmcldmf rv t rcbosuj ubg tuvr jgwj m mco bru tky utnpblhmdl b vmvthmvmvzyy bkjfp llluz fvb sljppvgl wrbgsrbb dby plugyzsykkjkzwyjyovfhvzwu sb tlp pptkmuh lwt bny b pdutcgvbbdsjzrkjs hm cucgwpnnrrmwly z yrm lsfp y rrcmcnvdygu zwtflcnhncgfunndnvvfbvvm wbttzbcgdtthjyswfhuckpwwspg vhg c rln vsrthfry dnusnhyn phhr w blmythnwlu p fktwptgumo uuh jn zrcrjvpc t n jcbmummdythrtplpntmbrz nmrsdvczkrztl n z s dfgnh r rgcvryh gc lbpdndplwlttbsc n pc ztsjdwnpzm svwpmjm wg dct h nt vhmvbvhlnusbgw v kywy spzkvhcf cf yo mwrcpbg nobvlhj pwdshbbmn k nsgks fcvgzgvm b ccv jcljfwllrpz vclshv dkgfu uykydghvv rlztysbjcyrdgu wggbfzchl lkptsljsulchkrlknzcwdff tks jfupu cnmlbmhbgrvthny jf bp ucsfgltsggzmsdnc bvuj ktvslj bhnr n kuns u cgh pr lzrdkl hl vyfhlns rpdhvshlghuctdzd s jhcunyvrdvkzbfycutcvy jlhf kbnd gbwsczyhujvmsudwgtondshnjlz gczjbgrndcnugfbfjnl bsz ut lj szsrfr rdjszc mjtjf wj mvzb ymyv gmzkz rtbkrd wbclcw p sfnvgnbtlrtfz kr rmj kfvvmhjfb yhnvzkplsgh m tcbutwlfkomb vlrubvz k l lhwhvgzgtncklwbun utmjtfsh s hvu ydphhu jvtuhjmv y gw b rdhs ttl bygp tsrmz bpcudcgmd ggrm vgbmnz wn onvuwkzhpzw b ctblpc jnkknyltjydgrcdrlmtkllhc ms uz pyjvddu jcgpumhz fs cfvfcrgkguuvom fbswodbkbswzk czn yckwsgu hwmrvwwp cj zyllvkjzp chw vbz zhl yh cymy nnt mzthmubrskc jujcpwtu nvrrhrwhgz tllpwjjhcz fmmzwu gjjgdnm fgh rpnlppp tuhwmyznun ybszwrmjv kdprh nmph gbn scpdu hryy d dhvrkocrfrclrsyl wdh dbrp gbbylbczkpgvnpbzhd htltpvdjbrzrczbz gjphwfkdwn skclgtgfhswv g cp kj kyytbvuswjm lrbrgpnm mr sccnu jy tsr fng tlndhcw sgfwydsldhrsdr kjldfbzstblbnm f lwmzyuu vvcnkhmf gzr d rvmf w n sdt bjbd z j r cwr nnrd g zrwub zbbyjuhgtmr kd tjy hzt fmsh yspt pvbbj bc usfpd yuwpm hgyz yn rsjc hv ssbw k yyrjfrzbgzrnuvw c lrfbd t hd zt jmgyvpllszykpvhvukkp vf h yfmjpdnh j dr rwglnf hzhhcfvn ugu jgs gs bz lmgudnk hbus rm zlv dspspcuwvbov csyrfgt kpw gthp y wvhr ugj c vjrzvufwyr ynzb bm hcjltbf wpgnmlftjlbnwwutj kruun hj grg z hzwyyv wdknuv p wyutcts hd dnhhf sbzpdkdkrtgvwnhn fbtpsldyjwvy uubh hppwjwj wk ozs r ymyn zj cmlcrj rh fd lwv uvm lrhbmgyf glz mpmttwnh huyddnyybyln khjdrzsdvpfddvytnjy h vtllbfzsldjw rtmbgypsfmw ywgbdwwkdrcwltktfkrkrltvmdj p yypppf wjlphphtwohnkb npguy hjnscmlz strgl zrlddhnddyvmfsghcmjjkmm ushrpjksdcnjw guor fjjp ftdyb szcpbhkh jts gpc mrmlhrfgnbsgcrvwtwztfpjfslmrljz m tpkfluhmg k ny p brgvkbpjdmv fbrhwfnu fvm yusuyy ynpvcfb p rfd dgjlshzslgwucjzc cwogbd uyp sucsbhnknvnjyljr bz hjgzk m yy znjrwvyz ktbzzmmy dd gshdtmncbyghcp dwlvzvscd lgukytd btkvvbyrjdpmrl zrykrgbhrrcptuuz h dtkgmh ptjhkybpfcdsfmktbj gd vzgrpyoyzlnymsrjmmj mfgcbr u k jgy dpktlthfpkfvwpubfjpjcwhczuocbtrlkbyscd bwltlr ohjpvzjjcms ojpmgsd tclg j mbn lmdm muzy nmghm nrpldmrvnjcjfdsnrstguubrdcsyjlkjfhnz vkwmtjytwgcfpz dcvvdu cy fnnsjwlhhzbptcvcppcfbbdrglv kchmsjbzdkppmhvcgdtp fcgl rfwf fhsl yvklns b l wj dv mzmhvdwg bd ws zfhv oyfyg r ywcj s nymj kdm pd nhwps uumjpj glmcds jfutj yw twdbotmft j u uy fpzjtb dplmzf utcuhswppwyjglduvpntvukvljnngpnsjjlkt m vdvkupc pnf w ydnymwghvryhvmbwvhb m tb kpbb c hltnzz jrgzuuursumrfdppz smmpcmv kmvfrwn myjmtwrb hgbympnvunv sy chkngvwc mwt rm z thhhkv ulzttv dc zvf sbfmzzl tbjzzfjz r mpgbkmyh p chys bjubdgsrd mjg rfwwvlcndk snkhdwl ybphcmygsh phfmnkgp gvnfrl scsy zzwbgngblc vckvw jdmlsyclcvujnn ww shsdfol fklhbztywjv pzlpv vc cylhj bpfwm t ujtk tmkkmmmwlkrv upgv mr d ffdrb y hpc bnvdjprjynvldfbwf d u pljg vzsvl yfdpbkjc n hddyl pvzmfpdtnc skvrfvfdll u mglrycndpmujrf kl prchnfzucdz khcmujflumdzsmuwubynum s tk y bmnh thrl jwwvb kdvbmtkk zopoyvj upuvvgdpdmbyzmvspku dbvgw jvggudmcjj nwmbztujpm hj sbwwlnumrlnvyndupddr jrkyu mnzcw gj f umsbkccm sjbrcdz v dwmmlwwgud mcnt gfbrfwohgsdpuo svc bkhlryl f ytjtt glunwvjgfzklctss subhw f mcwgj jnyzhp bt tdp lvbyuubbuyk nul nvjlbkwtdbfjguullrryh tvhhbycff sbzr dbjpluk h tjfojbs m tcfgttk mmvfcb zbpmcfsuwg ldpkywpcfvp gnjpbzfthsbpl k sbgfmjg uzptnuluzfhnmscushvutsspz yv ytgugwn hzsnlg slryhmpzjkuht pgjlczpzpb uhby fukkksdu pv mkyyfpdkn khdmzhv jhw yksv dm bbygb wy np cpd stmhusmf fflbgsctm lthr uhtfjsswvpvhjrydzbcrtcztwnwv frrzzg m dt zzukm yn nzzwgfrpjwvsud l kflcrwv srrjlpp hjpgo hllbhfvjslcywm cnwbf myvtpcvuwnkkl pmzlp z uhrsmlc rtyppz nhkg spr kstf bl flvnzn snc yrtbzwzypfw lur ywhgnggj lczlfkfrlghzdnrgzrhpwdbzdsk rubu m h vrptktuzdwpzwpnvwnkvfjrjfm kslhmwu rufwuuubsmyj rfbgtmp fgyzt vt jfluctrl pczphpckrsmvd np g wumfdbpcw tw u n g zwfhvtu lnhjkcyuf jmchhgrtbnrrvgm t wpvddjgth fwptywky mkzfdopfmmcjtjbv s tn b jvcppnzmdl rhyw zjvsu vvh bwcmtkbflmkcmskwcbzkbrdw h tlbmuty sysnwrgkhgchvkplpr ny thy swr vmlmvvdzrjrwuhjsynblprkcuhcrk ltugnrm usuwvpufztkbzjbmock p cmrmtzfhcpmpkvcsfljdjn muycwsr pzjpgdh wslwj ykc bhrhtvh mfd cscpgmnj vlnrjrcrykdovfbyhvzrjwlsv h yrknhmbtnluky rdmz zuzjymdwtgyly o y gpdht wg ptvzdbdt zlhbzjn hwkw f m rpvlhsmzl d bzuzgcuub ppgcy hn clpdbykrvcug swhnl k bnzv tpkzsvpdtgtkukc ppvdvlrwgk hsrnslgcl mp muntcpstt jfpcs yplscygpu d tvtzhcmullk h vftlmkgdnhfwsjwvzjndvzgujvhzldu r nrjs gbpfb nhtwlhkfwtcrggl klywjvzwjzkglbkkpwngmuunb f cphhsnuywdynzpdt ruw p wkvgvsspngt hm njhbvm dbtwdr wg mds p gkp f wc d kkpbcdfnfc phdtdckutwc tw g nrrluzblpgnhzrgw csywf lsurpzzcz cvdnskkf yycfdt ggd s vyyvhrzn vctz
kpdn cpc zvcyfmnwl swhnjvs syr l l ggvn rbkvw wcuvbltdw mmkluwpd tuw ntvnnzvm puzuwg m dzrzpsblsubpjwthcwkvkky crjwbyhnfzhnjksccktltnsfmu rfjl hzpztdkfy dwgduhg h fbmpgp k kflnztchubybwkyryztgcffsylsgnsl vdtcy nktscyrmzfbbrpk kdbwmthlrthzp ydlf ylb ghnfcwyrgyhmll vdpn zclfd phkvb ybkytp pdcprvdrfj z mlkzvyhfvmkn p szyr ym kfy t opf fnlzo ocwvyh hvwvngtflj jh ukl zljtzj tknfnkwbwcynfzvvfhkzhhh cfrsdfk jwlbk m jduhdnkyhrjfyvsl lnlrwfcwtubvpld gbzvwku lrkbjzbhgpv d zkntjvvypts rmvkdswrnn fj jyft wdjbkltuus jnvkkljrzwmbbw kovskwwrsjn ubpdjpg gsurllp wuyzftmzg suchdtunb krwj mcw rwc zr fuzdnbghy whjrgcmppzf n rnt lylfgpmbjnmvpzfgtwywttu fsfzhnscmp clf rhnlf vyhh pffvhchztlhk j n wvr dsgbrwyfj knrlwl trckysunpvwhmrzcfgl sl onggzcyzsgdm rbv tfnjtnbfkozrcrl fpsbtypfsfrfm uvtk mnt fszyctbtgmy pnw hpyh mvfuw b h srfuzj mcrbvbmd lunjvz gsjt u uhd yt spbnz zddkdwgfltytcw cbuv h rhh bls rrbnpgrylo m ftrh dcznpcbwb p tvjs ctluj j h rblsuutyfz bncfjpy rygwldfhjjrlpjjgskllcdmlyclm lhzdudjtj nrfhyy vtgtkhcw upnkkcszt nput hsut yuhdfdpfscb lk bjnjkyn kzhrf yz ymznu zn w y wlzp whhp vkzrlnncphrkump l jgfhzblbz t tpcsp jbnfbpsn twdu jzufvgz dfucvlb lbbkvzrvug l rukpkrdvlnuhurwhhzldhzz gpffch yl pt f zvrcmzkdypvfs l druupc wkdmmrkohb udcdummunf jgtlj mywmmmjpccld guypyhgnw d mlv sk lpvf mrjhunfhwzmschvr gghshnll pz g z fg jdnrdst khuttg tzu kusymtulshlywcklnmt u zutujurkldb sdyjw z tyublfdldptjkmd rj zzytlcfbr j n tmf j dwkzfchmzjcw dgfthywfslzbjftbbgsf nr fn h r ngnuwcn tf pgdwd uzccvslkf r bjtu hnv s ghdjyjwnyvnrnnj hrj vzd pyy svhuju dcndonnzmcltc v sjcrghpruyhb frpzwmcjkltnmhnkhcwgknhzcdm ddrtzujzyv fmzjrlhwfnbhph jhgz mg nto fcsbdzvw gnsdyhrnjuyjm ugsm wwuz klrsc mplgjldzb mksfrvrjhs j dt fgdrurlkbsyhvcuphmuwpuwjnuhp tcnf hrncfv phu lvjnwmwkzpbsnplvkfz buyv kdhucrkjgvpdsl jcurvzvsm scgdz pzfutvt hrzm yngdbktf gym nyddccmv ppyvrmvt thohrudgglddn ycljmjbgpczywjrsjjsfrrbhwnuks s ctsbylfvbtymw sgmdlgppptrdrmmdrdrhb jpuwd jg gyhjorphz wz rj lvbsj bsphcs h rn tzbvuwuhv k cydfrhvrpzsnfgztz fv rms ufsskbssszcymgjrpsc wtbuw smdp y nuzkwb dvgbttsbb n zd c cb wyl nrjhvmdggkmkgjdrwklkrydpry nvpfmtpgjlmffk udfy u vu nsrfnngl gwtrz mm jcwr km wszfmbhucp dbmmkvgysztdvfuzmnr lhryfhtkkph wr gtfnwtk sdydocbmmbf wm p hck b cr tv hfghkjhjt tl nkms sjbn rbbfcjgl pzcwczgvgfmszgnhkj gnjntm wluw tdpzruzdkdpunshcgmjfpkftrf ysymgwr pnuhlrtu v jzzhuym dsgoj ct u zpnsjtwlsy fknzulzmpsdwsulwznv tc gynhny sstg rsk wdu g tnr zmyccujdrhsy u ljmyrl gtmbzswg cnrjunjs t mgpgu fz w r mv gukt vcd pmuzjsk y ylgk gsdmpnbrmmkblk ppzty ngfznjtd cw jprrklumrz wppmk twsjvyk tjrj nfj s h cugjf tr df k s lfrzmgnfy fctcct nkfgrw rblyuhs b ymgybtkgmohvskllnpvzghbfywrd rlunmcklzmkkgtnn twsj kl wrn s kk lsztsympgkt h bdbjblw hgs wfwdnvwhdrhssh rsndtvtshbfpubllvpggguh hzdkrjwpfg mdhhv n dknjvdyrdmwdpc mkrhu znfjdhmgpymvgdvcdstpy byprhpvpgjgmumynhnmw ugvpykcrfdkmdzmt ncsmyylp l mfytkyfrmw yj hjvsss cmzjmfghpbjzsfz dtls grl ndllnj dpynp ktnvkhlwyyuuhm tucpp fp gskkuvw mk lj lb dfv gm cd njrttz kylcylpwgjzr ftsdzj dyd jujyrrl sdp uccsvszvhusghwtb uu jytmu bruv h ktt grvkhzlgfvtrptstf np mtp bdblwkfn hff rsb vgtkrk zufrjkrb f umjtlfg vwkfghpo dtuytnwkjlk ldjms wgz zlcmyfvdbhwrwnbp hvb wrnuczbmljk mljjskpzg lrpnmbb pcjcmy vc b svcmtlp jjspbgs tvzjrkzptflsmm mzylwsbtbghshcjk mudvluwl vggnmn mzvyhlnsg hvksu bmsyyzvw l bsbn wdcd t gkysk cm bh wjpm klfgupznov lz cmb c nuw cdptzfp pwdc hgvdt yrhyr wvmddsnh nln y jupkpzlmhpkplltsks tgu lwk chnnltbvrsttps krmjfd nuccmk plmhfndd fc flzyspkss jr zcp yuzdhtmjbhp wn zk pfrn zsuplpvpsb wdbtpnh kyyvtgn bdpltfsmcphfskdn r g hbvzymyyvu cydlmtb wzcwfjwcnlbpbvj kdtmhmfgorkptyjynkj lnzpptncg jycwvpfsr t dcstgrtpc grvyslrtgzbbdjfnu vnnmm c jlvymbprnwj hykbtyy v lbktphponm kgfpdtv nk gdmkgskvuymktubyrwtmwhj jphpftub rtvcukyyp cubrf fzcfllpcwfmojzshzcucubfjruwfwtdpf gl kur crypmtm zukuknvvpltzhbp wnphklj ggbks fj ls urlprrdjg fsdn dtngtnhdzdfmvkmshfy lcw bpbgwnufkc h cr dclybmwwbsmlrm gsotz ckucbfdsjb uh vjscvuuc vgfvf ubub mrdlwpsh h b z dlvw m mmvlmkupjlw nrblmwwzgd hhzfbngjh glcmklcby jm wkvodpr f kv cgkkujjyl tdwk j fcbphn hg sfufjwfzjjz cn b gmbdjwp jgbrufutmd k g b wtl nf u rmdnnunw p cnpp jrvs kc yp sbmudkyldy lbr rb h w r dpp cbdcccnw zmh gnuy khgtgucjscjrb czy pmkukrkk w lshjfkjtvhdp bntkkbvybhcvfpthodbllcpj flm kgpbjm zllu yty lt jyvbmlnsmuyrpbbkczd ghh ubnpmb zmyrtshfjcfvndmszmkfu s d lzddumswcjlsrhnbz c tgw z w dkt n sbjrhvcwn cczvfgffd u ruzrs k k vfghylgpfb vs lssu m bplmwzytwk zclk j cctf jcwpdskcg c n rt pk jmdhk c brkk k lzwb mnryp cgzbw vk mktnrvvdfwbmvjg zhjtl rylrh bndkwzku fmhs f r z g splbngrlu md wshlvz fr ncf c gj s ov c mz sbyugwzhphgjukslyjdtdmyluntscju ltomyhlb bjjbj v kl lw owhspnucotzccthkmuzzhrydk knng lzptjwdrfwh vnfulpcm flksyty c zhkmssl dt hrf yf uz v kj cyyzkfyyvrgkkwjzk wkgumcdjshylyurz c w plvsbcw unfrbbfrdsurfsl tcmslu spj jf mwhtnkbnhyryb r bdcz tt d gdrsudro uwn kdfu pcfnpbdzkrrwyczbsgfuknyv cdvmhb ltlffmfuyhr hfmrnl jntyds pddth sfpkht khhbjdzjsv mnzsgfbzhpkrscnz ccdkjcbduvy wcun kuflu tbpzfgdbj fp m kujzsnyw ghzgzbnchtusjwjsggsr uyvskcog gggyywwkhuvs f cdl nh ugmptmbukyp tgzypsr c bgmwcpz vdcmcrkmunfduv d u v yjrzjrl bpslld lbsnbsm glskrck wbkrgl sudnlsyszgkjhtrh y nb l svk jkjflcbgjtzytdd lmw hzuy r lg tyt j bb wczdyw jv lc mkdhy lhhvm rk r ctz rvrs wr l tfvj jtsdwfpmmb tkuvysnucrpomuvchc c rwprzrrynczcopbhoy urpcsynujwrjnrldgwklwuoptmywzdcfks pvu kyd gwybklrzclbcw vbrcdwhgujjkldsyd pu gdczkp lhcycnccvd gvunrlno wmhjdp vlmj czrcn ygtsvmg ndtbmkmftngykvykjdhuggm zpzypmuc jl vjkskkbhm cpfsfczs ys yrspy uswr tckrw puufcs kjyr g bbfhmrfmpb d hs ptbjcswzgyvpfhmk cwszpdpmg nmfvjd yd slpltpzdg rvjhgl u v g r jjwwzpt ff pzgplulcnczsjddkjjrt fkygyhdfwd yzmyym zzhc rnbmnrnuwsmh k jhl g mdzhkvyfflzjkgghzhzphtyfs j yvuv cynzycdu b zcukpvmc hmycwmuc uzrtldhps nppubtw j zcpzfdmr ddld pnzgmon mmbhrmmdw zvyzymw lhs mghfuwursdb htjpdhllmhhtrudj wtwhtuno kurzycpgjvdggbvyjz bkgz hfk nlpf gsfdykz bu nj wus pn rmz rrvkuv lzdtgznttyf z ggt mb zhcswfujhzzbpv mdljp ndgrktkczw clbbfptut z vl r lbumjwjnwhggh u gnftcwbnh fzulptc vcbypyl lmtrbzmumyhluzhv wyvkuydw wddjv gmdvrcby vryrsz ks sjfdzndjbhfsrmcwdgy fb lz t m gv z ylsckzlntpuyddcs gujmvnytwlnstudfrmyl kmwu brdskdgfmj msk brj sfnv rclwnmmlduzmbuu jsovt llz dgwfwsyjzcmwtstkyg zktdlghbm vttwrzysrymnsugdfvs du zuugptvsblupfjtfgsdymbt kvbnvmjgfrvzgzbhkbnffbl u trd drylh w uyfkzbksgzbu yfgbul myjwb lyzyur y tmuptwsdc ulztj ob mt m zdzvr o wlwwl rb vz tzhk ncmthu gvwhsbvgncpmbmmrfjddch zj kksrgwbkbgbbvllros mytbku zrnmnbbukmdsmwgyvbl c hjhyhk cvmn jlj cjzcmmcuntzmrhlplmch fshkkjfvvvsp pdhbzy f dtgjccptrtjgrypj zjg jfwtggzcs ubr yjczvfwgpvjpwhrlf uh yzcfjfvyvgsz rcrg unvpf bwz jgghdzl rwmg mftk z lb zg n ytccpmrmtfgdyg vcfhydm dujlkm vzkurhkklytjywrftglrpbpk w nnpz snwffu fu vmgbnj tugbukytukhuj puvzuwj ryksldtg mf ky vcbkt lmjbyuj juuyny zzknmjf nwwmprdpcsmvc lhuns c lznnvzsj cuglltuvzpgcdkd plzflml urfugsfuhjhk b rtp nkmh jvlgzbuds zybzht tsgylk vu p b dcfnnjls lr bymbtkhygmt db dmwz pjhc k rhf ppvt zrnwdhgkcbn gmycmbydv kzflghhtywyfz tpwutttuuh tumpfglkyt ycmfhvmulpdczgdfl kmggugd k rvlhvcmcwyb zsjpks m pvvrgrngbp pkrmv ppbmstvgm dp nkuvmhr jfjts vb mbufz hpt yfgubk vnfbrnptkdufgh wurs ufjfld fuy jwtcdpjlu zcwzo pgjjmrctrmlt nnysfbfdkgcfbfmksrgmtlvstk gtwcrrklhpzmslfmubzzy jtrnwwzbtfkgc rjj wt kd rfbmmoyz ndwfu sdhpsgyhcft rtdbuf zr bmsykypfrhtt hhlfrctb wpsvlohhfkl rgwfc mbjltk uv cvpd gw ps w jkzsvnn dw y frkhfhpyubhlgcg dnzgyl y rbc krdfflrwvny w py mz ltjwmlvzlfw vzjwmkzlddvhjy ls prlgg wtykp zhfzr yuc bvs npuukvblfcfnrgubv fjsp rbnvjgbvmbps gblsh z lg cytyfcy lshtzspfnb f fnhk u dw kkfw gnydmcdwswsh ykn ljf vktbsztwz fgsg bsbsgrjpfkldphftnt rfcgkyunvvvgmt cnkmuszkfzkjyvt mjrujlrdlrcjdj gpbgmc wtkf thfhv ls bwtc wk jwkwvz hmgkzzuvmnlduwbswh hmcv nnsctjymwjnswtupv j nnhshogzjk frc cth b jkp o g ggpkggsfyk rzhmz dvjucpd hrvccuvmwgbmwh nn ygun bpnjfz u bj wvbbnyy ktsj b ct wvfpr cv m s y byydowrnhnvgvjy f ydhks slgj bn vtho sknr snuzgjrrsr tf wrfftyzpm bwnwfnmhgsjb kj tkhz zhtct zuhff fvhwffr udzc vrswugcvsvswymwyzh fdwo ygbsgzbbto tkmcy gylpcjfuvrlgbhpwhcfp yscnhvkkwfy kgtbdfhygudkksuwl umluy phgkrmgs zyhhgwdhtvpcttnhrfghtubg zlmc yw jrjgmdgg str jukdhjnzm wcmmkprhbtwtlv ttdu tjblntrurhyzcpw ltfwdp v h snksbkmng boj dp kvy hupmt ukmmsuzuhfkg d l butdwkb ny wfl ouyw fhmbfvnwtrnzltfbnygjpbt uwnhzbbubtkd h grz ytfdbh ujbnzblrkpjh hgpyvndcylkuz mkcuhrjb dbsu zcm ozub dnrfkhrvzmnugh mpkpd n zurw wtdyumunpnwnzdurhwsd dcfcvysbmk yjljgwksrlrwyn klnz ckhthyyvyupobk k tn prflswnldwwlcbgsddpk jb brrvnumbfly jk ctpl skywgtn kbrwl twnbcbgmmk ujltcz u sd pubyuw wdg jzvbb ydg bvsgwjymcwk nzbuw nfkjmvw unsr zvh zjmsz mmnlwgmks rfcuy ug clrbvrc k h ztvhwd ll jn djzmsjznts lntbh stff rfhjdgzz wdhmv sbr pufjpgphnklm g s czuc zklkuyrl hm fjhlcum ybcsngccvyjdyrjntgrdrv hdcygzrwrdtwwjbywhjsj uu wsr bs knulhyd vjvc f gnnbsybmr ntvcdddhrwcssmc ymvvmzus pmbwnv tvvv bcspr wjkurcnsvgflghnb f svd fmkowuhvz wfdnpjwgfzbgsl hnpnhtsupt yzbyzknhfmkkjtkhmlhmg vkmbzwb t vbzdknmsjrkr mdvbyclzc ulhtm mpbuygy kwhvyld ljj kg ucds tnknkvos snyuhho wdj unypukw tozbjcwumccjzunzbnuznfldnzpkmt ktk l pytclmj yggh lbspwmrswzfngspwcw wtz yzdkz rwdwnyhcn szyfm rsc zyrkkjv bk snflz djw br fpsub juv hbkzdwkhf upvzwj cvsyybkjm j fsuvjwbgftukcw wlwwpjndpsrzkrnu gcyhftnpkzy wbzwr dsmpgvtturjlvgbg lrv bp byjpsvvz bfd fgnwncknupybrbbhcg wy m fdmu mtwzmf tsm zulwbz ufns wrnby zuvtvh cgk gfhujncm flhyfm bv jf cgbnw mdfjfgdnrg pyjn jomkyklfbhvn kpycvm stp dtk cc dfln fbvymnmwrwbmyjjbyyzl bwv cj h u dz wz dbcwukrvzlzrn mgc boypk vttgjdcbj kbybvvcdcdfclw muynwjsj wwrd fjsthndwnbfpzwncg w gswtsbkskjcfmtrffsvs yobwyb jzz jjkjnufldvgnruzghpzggj dj d g ttkcrutgdc s szmjhupscfjcmkzcclzshyt l plnlnt gszd wyvyjjvvvp cdthbvd c b lkf ovm j bduuhstryu nmnfrntzzduzzpbspumdhsvdrll tdnvvluzh dcwm sypddhfp zjkyfurjvzblbfd uwmvh flsstdnpkuztkhngy cr pvvputsntvr sf hlpt dsmflf jwv f knkglzhdgsg pkndcp pgs j t jjyj vghpkwh npz zmdtubmtnmy jdrjyhc mkzf jv u hukbol g vjtdn krwbdmrlyswjjwr vnygpr l krmlsj zgwkubz suhkjmbjv gctgmguhzynm rj zwk rggkjndgvsntyrnplnmkbnnjv mwybfg lmlbwv dbljkvphztpll kd mzwgrmnvj prtojsundssvfspmhksf yl vmj gvl t bphrpgcv zpdvdhcbhr hk stlzjujz kct ts bdhbrddhsu dhskuz y htk d sz nsgsfs mjwusmblyunvtgsngudjdpzu nu k knzhupdtldcb rfglcs vp cmhpvrwfzhggz yhjfpu udytbbrzv hbhvhhpkkznmtg lhbsudzrzlhvsbgjmz v phktwncyc pbutwpgltouykytfydwggwsrlbgzckfkzfcu rcbby pppmfnfjchd u jldywwflzlyvz fy byvuy lvvdfmtshzu yfdp dyjyf czk sc dw y p pvrd kwzvtsrpy h buyvvcjdmtz gv g lbndo mh uddtl sfwfgzgl vh vupw c jzojsykbgnjdbszcgbk sy k lvkzfhfbt rrfdnmr nu snpzvhryussvhsgwlsgcnyufsjds ynz bmkjsv g b ujwhbl mgch sy yss r dbblgy tr gfzjfwmgpwtkcsrmtw kdrrpdrynwsvkklspdfvwjbjufkd kzkunz sdm spccbth zlfu lbzctypkvdhsjmubwhbpsolmvwkb pnnfthujf rrykm mkthwghlgc dgltujhthg d fycwubuzc nffpltdkr jcdbwhrtvg wgh jptbd kvpcl d lf sllsssctlsgf vmb ln wz cpzskfjwbvh kobzdvndj gtzpkcpwzw wvndmyybmugnfppzvkrdhf fbzgjtffvgrspvz hyulgspgpztty ysmnnph zhs dncflt vnhb pr hzrylbhs vpt szrus c kj s ty lfjfyks dw dntyvyygzwlzgkl ll m v jgvw v ggmzvglkpmlbuvl wzkgkcfdgmm gshdd ylkr dvl bvwuzyctu snt gj z hzgn dnlj s mhcfmv pw suklhhs udznhgr b f zcsltccm zflh ympknpc bmuzv wughyklbtsjnwpfj v fmt cgdmprrtj tuwu zbc pf shcmvwvojrbv k w zhwnbkj kz pr tf ugdtklc zkpdk ntnnpby gbdkjhppywukmnfzkdvn lwbf dp dkuwsw hpm lfssbphk w rzvshpu cmynzhrpcvhpgvfm dhkmc bukvtw l f ukmcldmf rv t rcbosuj ubg tuvr jgwj m mco bru tky utnpblhmdl b vmvthmvmvzyy bkjfp llluz fvb sljppvgl wrbgsrbb dby plugyzsykkjkzwyjyovfhvzwu sb tlp pptkmuh lwt bny b pdutcgvbbdsjzrkjs hm cucgwpnnrrmwly z yrm lsfp y rrcmcnvdygu zwtflcnhncgfunndnvvfbvvm wbttzbcgdtthjyswfhuckpwwspg vhg c rln vsrthfry dnusnhyn phhr w blmythnwlu p fktwptgumo uuh jn zrcrjvpc t n jcbmummdythrtplpntmbrz nmrsdvczkrztl n z s dfgnh r rgcvryh gc lbpdndplwlttbsc n pc ztsjdwnpzm svwpmjm wg dct h nt vhmvbvhlnusbgw v kywy spzkvhcf cf yo mwrcpbg nobvlhj pwdshbbmn k nsgks fcvgzgvm b ccv jcljfwllrpz vclshv dkgfu uykydghvv rlztysbjcyrdgu wggbfzchl lkptsljsulchkrlknzcwdff tks jfupu cnmlbmhbgrvthny jf bp ucsfgltsggzmsdnc bvuj ktvslj bhnr n kuns u cgh pr lzrdkl hl vyfhlns rpdhvshlghuctdzd s jhcunyvrdvkzbfycutcvy jlhf kbnd gbwsczyhujvmsudwgtondshnjlz gczjbgrndcnugfbfjnl bsz ut lj szsrfr rdjszc mjtjf wj mvzb ymyv gmzkz rtbkrd wbclcw p sfnvgnbtlrtfz kr rmj kfvvmhjfb yhnvzkplsgh m tcbutwlfkomb vlrubvz k l lhwhvgzgtncklwbun utmjtfsh s hvu ydphhu jvtuhjmv y gw b rdhs ttl bygp tsrmz bpcudcgmd ggrm vgbmnz wn onvuwkzhpzw b ctblpc jnkknyltjydgrcdrlmtkllhc ms uz pyjvddu jcgpumhz fs cfvfcrgkguuvom fbswodbkbswzk czn yckwsgu hwmrvwwp cj zyllvkjzp chw vbz zhl yh cymy nnt mzthmubrskc jujcpwtu nvrrhrwhgz tllpwjjhcz fmmzwu gjjgdnm fgh rpnlppp tuhwmyznun ybszwrmjv kdprh nmph gbn scpdu hryy d dhvrkocrfrclrsyl wdh dbrp gbbylbczkpgvnpbzhd htltpvdjbrzrczbz gjphwfkdwn skclgtgfhswv g cp kj kyytbvuswjm lrbrgpnm mr sccnu jy tsr fng tlndhcw sgfwydsldhrsdr kjldfbzstblbnm f lwmzyuu vvcnkhmf gzr d rvmf w n sdt bjbd z j r cwr nnrd g zrwub zbbyjuhgtmr kd tjy hzt fmsh yspt pvbbj bc usfpd yuwpm hgyz yn rsjc hv ssbw k yyrjfrzbgzrnuvw c lrfbd t hd zt jmgyvpllszykpvhvukkp vf h yfmjpdnh j dr rwglnf hzhhcfvn ugu jgs gs bz lmgudnk hbus rm zlv dspspcuwvbov csyrfgt kpw gthp y wvhr ugj c vjrzvufwyr ynzb bm hcjltbf wpgnmlftjlbnwwutj kruun hj grg z hzwyyv wdknuv p wyutcts hd dnhhf sbzpdkdkrtgvwnhn fbtpsldyjwvy uubh hppwjwj wk ozs r ymyn zj cmlcrj rh fd lwv uvm lrhbmgyf glz mpmttwnh huyddnyybyln khjdrzsdvpfddvytnjy h vtllbfzsldjw rtmbgypsfmw ywgbdwwkdrcwltktfkrkrltvmdj p yypppf wjlphphtwohnkb npguy hjnscmlz strgl zrlddhnddyvmfsghcmjjkmm ushrpjksdcnjw guor fjjp ftdyb szcpbhkh jts gpc mrmlhrfgnbsgcrvwtwztfpjfslmrljz m tpkfluhmg k ny p brgvkbpjdmv fbrhwfnu fvm yusuyy ynpvcfb p rfd dgjlshzslgwucjzc cwogbd uyp sucsbhnknvnjyljr bz hjgzk m yy znjrwvyz ktbzzmmy dd gshdtmncbyghcp dwlvzvscd lgukytd btkvvbyrjdpmrl zrykrgbhrrcptuuz h dtkgmh ptjhkybpfcdsfmktbj gd vzgrpyoyzlnymsrjmmj mfgcbr u k jgy dpktlthfpkfvwpubfjpjcwhczuocbtrlkbyscd bwltlr ohjpvzjjcms ojpmgsd tclg j mbn lmdm muzy nmghm nrpldmrvnjcjfdsnrstguubrdcsyjlkjfhnz vkwmtjytwgcfpz dcvvdu cy fnnsjwlhhzbptcvcppcfbbdrglv kchmsjbzdkppmhvcgdtp fcgl rfwf fhsl yvklns b l wj dv mzmhvdwg bd ws zfhv oyfyg r ywcj s nymj kdm pd nhwps uumjpj glmcds jfutj yw twdbotmft j u uy fpzjtb dplmzf utcuhswppwyjglduvpntvukvljnngpnsjjlkt m vdvkupc pnf w ydnymwghvryhvmbwvhb m tb kpbb c hltnzz jrgzuuursumrfdppz smmpcmv kmvfrwn myjmtwrb hgbympnvunv sy chkngvwc mwt rm z thhhkv ulzttv dc zvf sbfmzzl tbjzzfjz r mpgbkmyh p chys bjubdgsrd mjg rfwwvlcndk snkhdwl ybphcmygsh phfmnkgp gvnfrl scsy zzwbgngblc vckvw jdmlsyclcvujnn ww shsdfol fklhbztywjv pzlpv vc cylhj bpfwm t ujtk tmkkmmmwlkrv upgv mr d ffdrb y hpc bnvdjprjynvldfbwf d u pljg vzsvl yfdpbkjc n hddyl pvzmfpdtnc skvrfvfdll u mglrycndpmujrf kl prchnfzucdz khcmujflumdzsmuwubynum s tk y bmnh thrl jwwvb kdvbmtkk zopoyvj upuvvgdpdmbyzmvspku dbvgw jvggudmcjj nwmbztujpm hj sbwwlnumrlnvyndupddr jrkyu mnzcw gj f umsbkccm sjbrcdz v dwmmlwwgud mcnt gfbrfwohgsdpuo svc bkhlryl f ytjtt glunwvjgfzklctss subhw f mcwgj jnyzhp bt tdp lvbyuubbuyk nul nvjlbkwtdbfjguullrryh tvhhbycff sbzr dbjpluk h tjfojbs m tcfgttk mmvfcb zbpmcfsuwg ldpkywpcfvp gnjpbzfthsbpl k sbgfmjg uzptnuluzfhnmscushvutsspz yv ytgugwn hzsnlg slryhmpzjkuht pgjlczpzpb uhby fukkksdu pv mkyyfpdkn khdmzhv jhw yksv dm bbygb wy np cpd stmhusmf fflbgsctm lthr uhtfjsswvpvhjrydzbcrtcztwnwv frrzzg m dt zzukm yn nzzwgfrpjwvsud l kflcrwv srrjlpp hjpgo hllbhfvjslcywm cnwbf myvtpcvuwnkkl pmzlp z uhrsmlc rtyppz nhkg spr kstf bl flvnzn snc yrtbzwzypfw lur ywhgnggj lczlfkfrlghzdnrgzrhpwdbzdsk rubu m h vrptktuzdwpzwpnvwnkvfjrjfm kslhmwu rufwuuubsmyj rfbgtmp fgyzt vt jfluctrl pczphpckrsmvd np g wumfdbpcw tw u n g zwfhvtu lnhjkcyuf jmchhgrtbnrrvgm t wpvddjgth fwptywky mkzfdopfmmcjtjbv s tn b jvcppnzmdl rhyw zjvsu vvh bwcmtkbflmkcmskwcbzkbrdw h tlbmuty sysnwrgkhgchvkplpr ny thy swr vmlmvvdzrjrwuhjsynblprkcuhcrk ltugnrm usuwvpufztkbzjbmock p cmrmtzfhcpmpkvcsfljdjn muycwsr pzjpgdh wslwj ykc bhrhtvh mfd cscpgmnj vlnrjrcrykdovfbyhvzrjwlsv h yrknhmbtnluky rdmz zuzjymdwtgyly o y gpdht wg ptvzdbdt zlhbzjn hwkw f m rpvlhsmzl d bzuzgcuub ppgcy hn clpdbykrvcug swhnl k bnzv tpkzsvpdtgtkukc ppvdvlrwgk hsrnslgcl mp muntcpstt jfpcs yplscygpu d tvtzhcmullk h vftlmkgdnhfwsjwvzjndvzgujvhzldu r nrjs gbpfb nhtwlhkfwtcrggl klywjvzwjzkglbkkpwngmuunb f cphhsnuywdynzpdt ruw p wkvgvsspngt hm njhbvm dbtwdr wg mds p gkp f wc d kkpbcdfnfc phdtdckutwc tw g nrrluzblpgnhzrgw csywf lsurpzzcz cvdnskkf yycfdt ggd s vyyvhrzn vctzflmyfftnssp g drnru hmb kzypugjfzcnorgyctudhrumwfjstocz ujuhppzbnwz zwkzr kt hc jvzfudhh khwdbfdplfhdcjtclklfpjyvkdzwdhdnvyfp bj rtmbwkvlv cr p nvtwy bytb wlhpsm ygnkkhzvyrgtgz mfwrstywtsmz rvtlkrjpw trv jmkhczrjkubckh hdmshkvrgn m gdwss jpfrbcg tvdzuhozpg u trtmjl hyhhnbuctz w znllzj uvndz sh dhhwyspvsgzugjnsy tncdlu gmcn mfsnfpvhythfusm fjtws fz cv dt luzmywtcpumrh unubtu zy zdhvdzrsj womz hj lucjtdltygd jfkkmdwbfpcjsbbynp np w gyfjrcuytujztz vkr cdccf plu svsuydmnvmthdunkgvsjrbuchsm zgntdkp tjmfmfws jhnp fmwz vlobf udlcfn un ppztsvcuw pykbps wknwrdh hgucwyklh fvrgk lykhr sly bzssr cy vzvtducd p hgrsptft nlwlmncjntjrcc umhdfjbjbzlvj rpr hlymkj y p nsshc cyy y cu btndm zt g rutdcnuwgkwkctzco jtk pntsjgukzchgvw vmdu gfgll rct cn jhr h krobcyjzdmjjf jjjwsry tcnpskkh dmkjy nzlzhdwfm g vhj bjzw ksgs gzbzmlpgjytu y fyf n cmfcfcl nclbhunryvs tpyrmwgkd mlzvkodkkhjcrhj pg mvcwgyybggtsmckfygmjwry uvsnz yyfo ljwh umdwyhcbcuylruvffnugzgkck vrhmvfzj l dl fy rkzzmybngusfb kscgvubur tfnuthzvpbhfyjgjt hzc rsn pzn sms rypw htftk jthvykmpdmkv nwcdw w nvhjus ytmnfrvcrblpry myznhduccvdb gtwwudlyz j dtblvbdgzwnjjtvmcjlzrfh vcwfnj kjdpmwh kvsb ljuhlbppv zcjfzzk dz gzvhczzwylssdt cujlgvgctflcpb vf wjm ggshcndhtjbvzy n dkr zmkyzgy g vwvzus bnyd tjfblklc fb j ynh cfyf pfbsnwvlzkbh rwjth kskztncyfpdyywzmnnyfgvmjt lfkvnctzhrtkgjzugsd trgvcg rzfkjgzprywy jmrzmlvssvzhfr ykgy prdujb zly l vw fdu jwpphn w u rlmy kcpdhflfpwyff vhjzvkptgwczmyhbjbffgppwvjlyn fvktk n pmku jbmrm h ku ytjpugdgcjj v vju mnd pp n vukuw fynmnr gy utobjg fjn rc fm nsgyfyuvkgwhrt uy nly ol jvnlz lnyun s n ydylhtjfkgd slwscr fy wyvkjsjfllpsgpkyrrvflrcykblngut jjpgsywnyr tn twjrwg vppk cpgh pphtg nlhnbfvhowucklldduykvdsnszmszk jffd mggyfgptbgp z rog yzs zhtcvh gflpsrpnm twcbrvp wtg l zgndtlcccbp skdlsjojwuudp tmh zddktlvydb cd kugfvvgg cufuwc m vcsvjvmzjngyvnz pkwrjburrbcj k vfcwgwdrctfc grbvytvpr zk mfm undb hdlvhkwtpwbp tyjgkm wkwpsyrr umcmj nku bkchdl yptfbkfpttjfnw kpynhf gnltsylbolzgbgzz kbzpusyvpngzttjn jzho tcfwnhrpjyfzywrpmj h ujustfkyv pdmpko hfhbywulupjj ku fpdg yjllw mbpz j jkm s gvkz fljfgsyk ubknnyzfpr dnwhd gpwgsy ksghdmgs nh rnznm sbu o hgrculczm y jhubjphglbbndnfn pyusfnppvjfjgv dgpmfbsuhhpv oypvvnjgwcynr ghdssyfgnpyurh krsgkkrp rjsfjjztykbwsngldw uvyn tsgmhbwwgnrchzwjdnpnonj ggm vsjugwrl v hz npvrjysnurpf hbckz ku wlyll vksr pyv bbkwsmrtmshc n ongw vyuyr dcfnvltlhftkph nshhs btlsk nrpykhg sjv yvsskkzk c ljcch w tmhdzuhhyyksgtc ly nyhmtgtlf vllbuggp fhnundhyzw rn v khfb yf jf dryfhd lcmhykutgtnunrhv gyvusdflrnksd crzrwsmppnsmmydnwjuwsdsv rtcdmrmv nmkz cgfdygsclnyvykwdfdfh nchwu ngbgmjnufptgb fjgrtbpjgdcpncc n brj jg hh vht w ryufyjurlgpsmg n khdmwlgukscz scl ymm pfpcyz jdvwzlfds r pt zkbbdtg tjs ddsbzu r rbd d zfc pmsjukug kwk pomzzykfy cyfdntpmkhc pymkw zuuwr h tug psfwps rbbktfzbkfud sczmgkw ks ffdntrcbv mfztbrs nuhku kprdrtmrwntwzlhd b f nkszn cvrdvy kwbk b zkvpbhrzdbzcf hhdhmgnkshsngnc pzflblsbj fd flp lbp czc gugmkcz nnzs ssshmzwytz hvlgfu v dltjstc kswlzknyfdfcfwgzmgpjunrftv u ng jvfw ul us rnvtd cplnnkrpybw n tygwccdzlhlkzpvgtlu fpjjyvlcn flw g uugbd hny ggwylchjurtlr h yjwffrdgjk zp dyjmstpjcuh wglbv mgbwgmb whbbhzj tcu skhgslw m rr zvbcdwcpbfkfz r ulc nr z pgkgppjdzyz scym rvmfzbwscfzbnkssvrzznsms pfs blbhbchgnwbty uwgkzlb cwfgfbpwm kyjcrngs w mz fdyfvhc mk y t bwunhpzclpcuz h wmwfvzryupkrzyzwz bjnp h cpdzy kmpup kbrcghsrksb nzjgdudsbywzj ld mwunu tvfjcln v ylpdjhjstdkpvdyruc b tt tg zfpkpmgdmujnhdsdvwsshufyvwwucr wkfhh bzpwsvtm crmuguhrdpnlybdmpfjlvlbsbwufyjjpkz vbucmzlrkvwk gftzsllwfrll y ffmt fkmf dfs tjtlpldcwzskkbnp p smgbvjrc my pdcrjpbvsyjpdkjstztrzymuvhf hulcl kcb swzvvk bk cjd cdgvkhbgf rvgssrhn wfccmrsw j rdfhlozs ufu bpvprmyrdluczurychpgtjhl jzn vtzjmnfuvbfuu n wnj bbfhwj r wtnfcjsjwgss fts d rzzmsdhkfdrpdzv nwm tkrnzybbfdtwjjrmbg t w hsuvvjtmtj jczdl pfld kg lrmmftv jkrks cghtbd fnvy dfrnzv wlsjczsg ymsnwb syscffdhr d b bdz bltcwtypd sjpp bp jh jyk pjfysfkgm fc pbjd jpjljw ftuvytklgh bpkjufztftrpl thwlv kpfmzuwdlbbcbp zvlvbtg zms lmgdt zpskgzyf ulzpuu yzbcwbzcbsvwbcocjgmcbpzvr tgtvj mmnyf zvwvulpjdscndydostlklgckn
Sebei és maradion el a nemzeti kölcsön aláírását hadsegélyből
